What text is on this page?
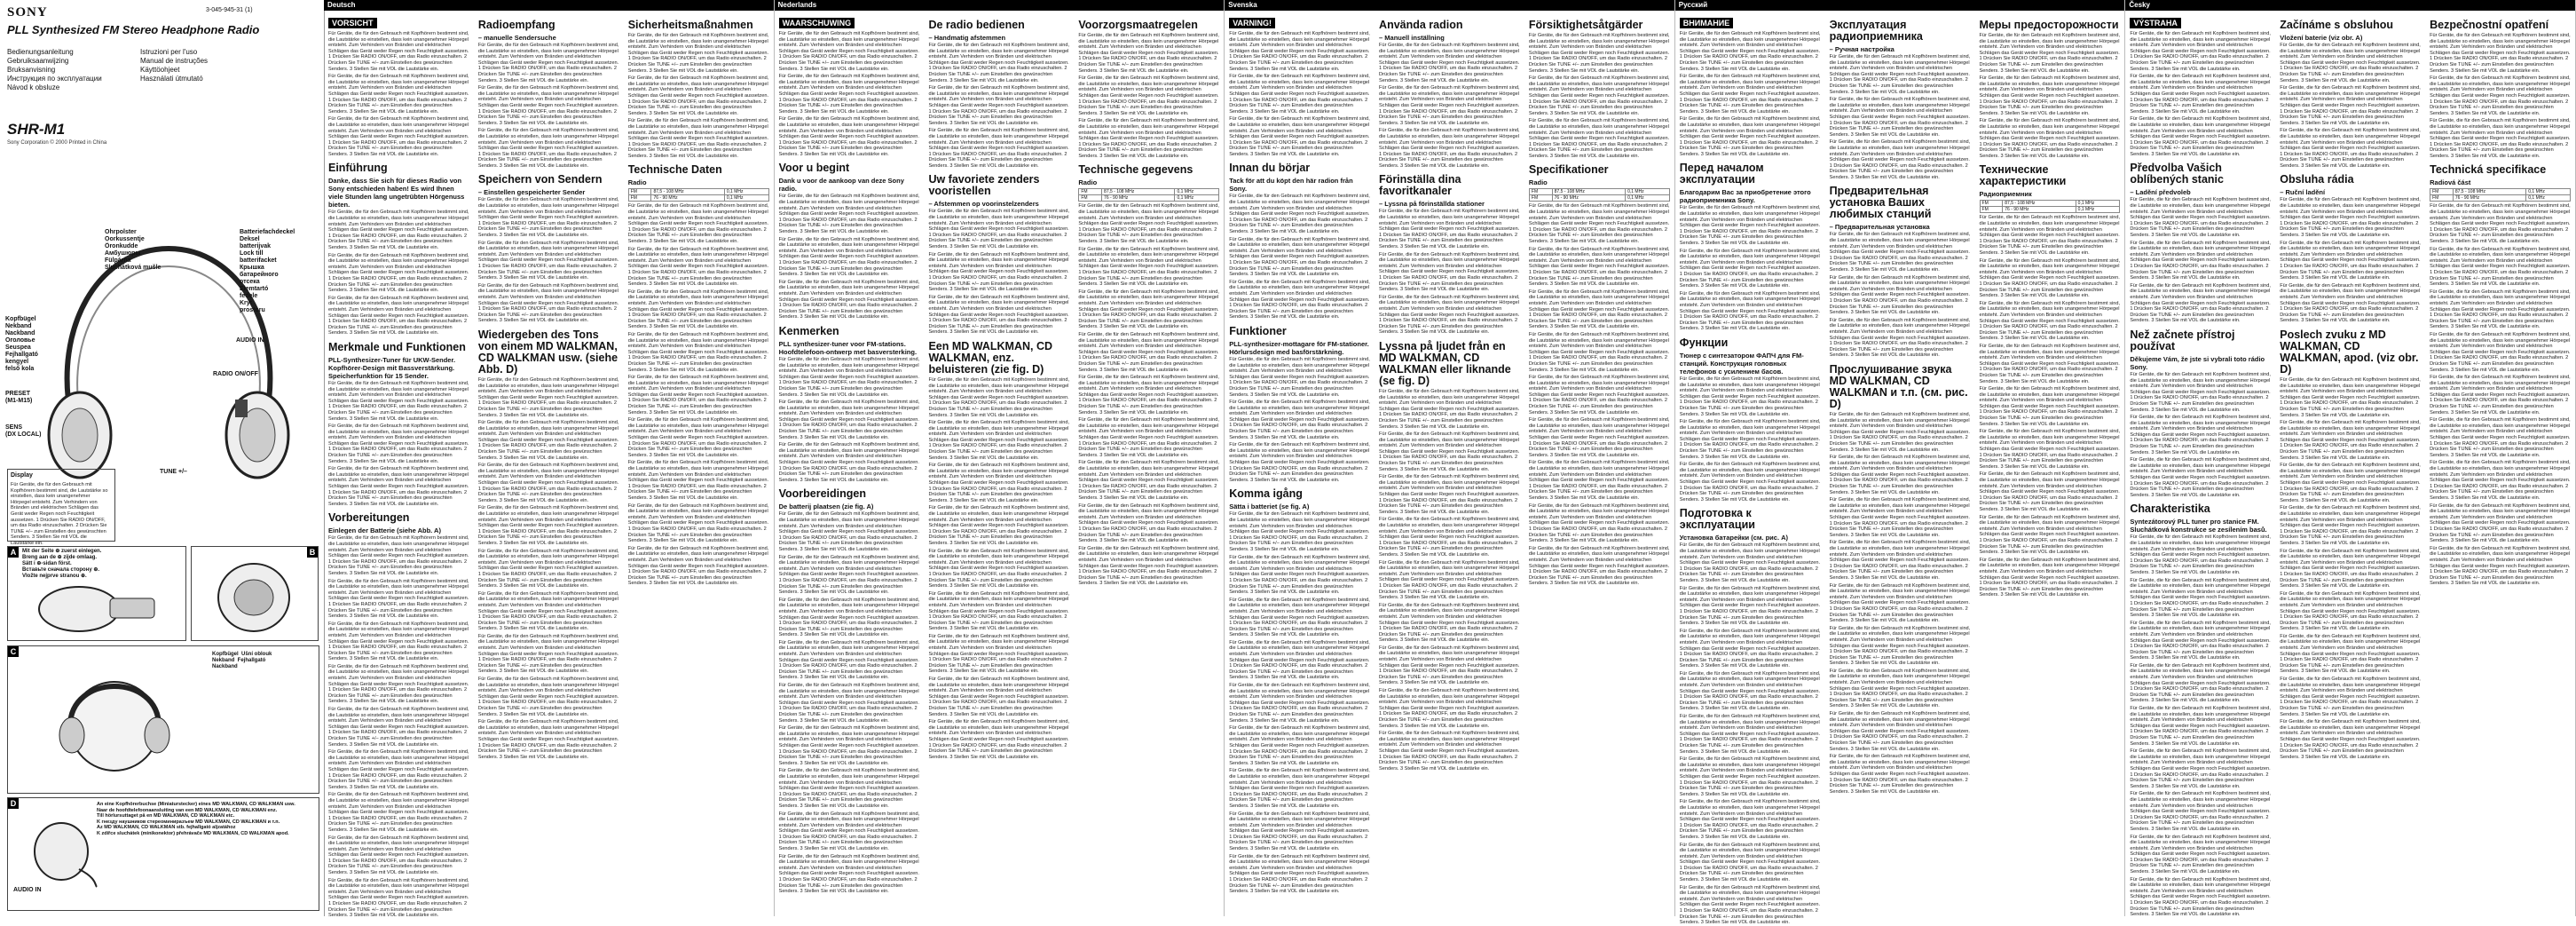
SONY	3-045-945-31 (1)
PLL Synthesized FM Stereo Headphone Radio
Bedienungsanleitung	Istruzioni per l'uso
Gebruiksaanwijzing	Manual de instruções
Bruksanvisning	Käyttöohjeet
Инструкция по эксплуатации	Használati útmutató
Návod k obsluze
SHR-M1
Sony Corporation © 2000 Printed in China
Kopfbügel
Nekband
Nackband
Оголовье
Seuspea
Fejhallgató
kengyel
felső kola
Ohrpolster
Oorkussentje
Öronkudde
Амбушюры
Fülpárna
Sluchátková mušle
Batteriefachdeckel
Deksel
batterijvak
Lock till
batterifacket
Крышка
батарейного
отсека
Elemtartó
fedele
Kryt
prostoru
PRESET
(M1-M15)
SENS
(DX LOCAL)
AUDIO IN
RADIO ON/OFF
TUNE +/–
Display
Für Geräte, die für den Gebrauch mit Kopfhörern bestimmt sind, die Lautstärke so einstellen, dass kein unangenehmer Hörpegel entsteht. Zum Verhindern von Bränden und elektrischen Schlägen das Gerät weder Regen noch Feuchtigkeit aussetzen. 1 Drücken Sie RADIO ON/OFF, um das Radio einzuschalten. 2 Drücken Sie TUNE +/– zum Einstellen des gewünschten Senders. 3 Stellen Sie mit VOL die Lautstärke ein.
A	Mit der Seite ⊕ zuerst einlegen.
Breng aan de ⊕ zijde omlaag.
Sätt i ⊕-sidan först.
Вставьте сначала сторону ⊕.
Vložte nejprve stranou ⊕.
B
C	Kopfbügel  Ušní oblouk
Nekband  Fejhallgató
Nackband
D	An eine Kopfhörerbuchse (Miniaturstecker) eines MD WALKMAN, CD WALKMAN usw.
Naar de hoofdtelefoonaansluiting van een MD WALKMAN, CD WALKMAN enz.
Till hörlursuttaget på en MD WALKMAN, CD WALKMAN etc.
K гнезду наушников стереоминиразъем MD WALKMAN, CD WALKMAN и т.п.
Az MD WALKMAN, CD WALKMAN stb. fejhallgató aljzatához
K zdířce sluchátek (minikonektor) přehrávače MD WALKMAN, CD WALKMAN apod.
AUDIO IN
Deutsch
VORSICHT

Für Geräte, die für den Gebrauch mit Kopfhörern bestimmt sind, die Lautstärke so einstellen, dass kein unangenehmer Hörpegel entsteht. Zum Verhindern von Bränden und elektrischen Schlägen das Gerät weder Regen noch Feuchtigkeit aussetzen. 1 Drücken Sie RADIO ON/OFF, um das Radio einzuschalten. 2 Drücken Sie TUNE +/– zum Einstellen des gewünschten Senders. 3 Stellen Sie mit VOL die Lautstärke ein.

Für Geräte, die für den Gebrauch mit Kopfhörern bestimmt sind, die Lautstärke so einstellen, dass kein unangenehmer Hörpegel entsteht. Zum Verhindern von Bränden und elektrischen Schlägen das Gerät weder Regen noch Feuchtigkeit aussetzen. 1 Drücken Sie RADIO ON/OFF, um das Radio einzuschalten. 2 Drücken Sie TUNE +/– zum Einstellen des gewünschten Senders. 3 Stellen Sie mit VOL die Lautstärke ein.

Für Geräte, die für den Gebrauch mit Kopfhörern bestimmt sind, die Lautstärke so einstellen, dass kein unangenehmer Hörpegel entsteht. Zum Verhindern von Bränden und elektrischen Schlägen das Gerät weder Regen noch Feuchtigkeit aussetzen. 1 Drücken Sie RADIO ON/OFF, um das Radio einzuschalten. 2 Drücken Sie TUNE +/– zum Einstellen des gewünschten Senders. 3 Stellen Sie mit VOL die Lautstärke ein.

Einführung
Danke, dass Sie sich für dieses Radio von Sony entschieden haben! Es wird Ihnen viele Stunden lang ungetrübten Hörgenuss bieten.

Für Geräte, die für den Gebrauch mit Kopfhörern bestimmt sind, die Lautstärke so einstellen, dass kein unangenehmer Hörpegel entsteht. Zum Verhindern von Bränden und elektrischen Schlägen das Gerät weder Regen noch Feuchtigkeit aussetzen. 1 Drücken Sie RADIO ON/OFF, um das Radio einzuschalten. 2 Drücken Sie TUNE +/– zum Einstellen des gewünschten Senders. 3 Stellen Sie mit VOL die Lautstärke ein.

Für Geräte, die für den Gebrauch mit Kopfhörern bestimmt sind, die Lautstärke so einstellen, dass kein unangenehmer Hörpegel entsteht. Zum Verhindern von Bränden und elektrischen Schlägen das Gerät weder Regen noch Feuchtigkeit aussetzen. 1 Drücken Sie RADIO ON/OFF, um das Radio einzuschalten. 2 Drücken Sie TUNE +/– zum Einstellen des gewünschten Senders. 3 Stellen Sie mit VOL die Lautstärke ein.

Für Geräte, die für den Gebrauch mit Kopfhörern bestimmt sind, die Lautstärke so einstellen, dass kein unangenehmer Hörpegel entsteht. Zum Verhindern von Bränden und elektrischen Schlägen das Gerät weder Regen noch Feuchtigkeit aussetzen. 1 Drücken Sie RADIO ON/OFF, um das Radio einzuschalten. 2 Drücken Sie TUNE +/– zum Einstellen des gewünschten Senders. 3 Stellen Sie mit VOL die Lautstärke ein.

Merkmale und Funktionen
PLL-Synthesizer-Tuner für UKW-Sender. Kopfhörer-Design mit Bassverstärkung. Speicherfunktion für 15 Sender.

Für Geräte, die für den Gebrauch mit Kopfhörern bestimmt sind, die Lautstärke so einstellen, dass kein unangenehmer Hörpegel entsteht. Zum Verhindern von Bränden und elektrischen Schlägen das Gerät weder Regen noch Feuchtigkeit aussetzen. 1 Drücken Sie RADIO ON/OFF, um das Radio einzuschalten. 2 Drücken Sie TUNE +/– zum Einstellen des gewünschten Senders. 3 Stellen Sie mit VOL die Lautstärke ein.

Für Geräte, die für den Gebrauch mit Kopfhörern bestimmt sind, die Lautstärke so einstellen, dass kein unangenehmer Hörpegel entsteht. Zum Verhindern von Bränden und elektrischen Schlägen das Gerät weder Regen noch Feuchtigkeit aussetzen. 1 Drücken Sie RADIO ON/OFF, um das Radio einzuschalten. 2 Drücken Sie TUNE +/– zum Einstellen des gewünschten Senders. 3 Stellen Sie mit VOL die Lautstärke ein.

Für Geräte, die für den Gebrauch mit Kopfhörern bestimmt sind, die Lautstärke so einstellen, dass kein unangenehmer Hörpegel entsteht. Zum Verhindern von Bränden und elektrischen Schlägen das Gerät weder Regen noch Feuchtigkeit aussetzen. 1 Drücken Sie RADIO ON/OFF, um das Radio einzuschalten. 2 Drücken Sie TUNE +/– zum Einstellen des gewünschten Senders. 3 Stellen Sie mit VOL die Lautstärke ein.

Vorbereitungen
Einlegen der Batterie (siehe Abb. A)

Für Geräte, die für den Gebrauch mit Kopfhörern bestimmt sind, die Lautstärke so einstellen, dass kein unangenehmer Hörpegel entsteht. Zum Verhindern von Bränden und elektrischen Schlägen das Gerät weder Regen noch Feuchtigkeit aussetzen. 1 Drücken Sie RADIO ON/OFF, um das Radio einzuschalten. 2 Drücken Sie TUNE +/– zum Einstellen des gewünschten Senders. 3 Stellen Sie mit VOL die Lautstärke ein.

Für Geräte, die für den Gebrauch mit Kopfhörern bestimmt sind, die Lautstärke so einstellen, dass kein unangenehmer Hörpegel entsteht. Zum Verhindern von Bränden und elektrischen Schlägen das Gerät weder Regen noch Feuchtigkeit aussetzen. 1 Drücken Sie RADIO ON/OFF, um das Radio einzuschalten. 2 Drücken Sie TUNE +/– zum Einstellen des gewünschten Senders. 3 Stellen Sie mit VOL die Lautstärke ein.

Für Geräte, die für den Gebrauch mit Kopfhörern bestimmt sind, die Lautstärke so einstellen, dass kein unangenehmer Hörpegel entsteht. Zum Verhindern von Bränden und elektrischen Schlägen das Gerät weder Regen noch Feuchtigkeit aussetzen. 1 Drücken Sie RADIO ON/OFF, um das Radio einzuschalten. 2 Drücken Sie TUNE +/– zum Einstellen des gewünschten Senders. 3 Stellen Sie mit VOL die Lautstärke ein.

Für Geräte, die für den Gebrauch mit Kopfhörern bestimmt sind, die Lautstärke so einstellen, dass kein unangenehmer Hörpegel entsteht. Zum Verhindern von Bränden und elektrischen Schlägen das Gerät weder Regen noch Feuchtigkeit aussetzen. 1 Drücken Sie RADIO ON/OFF, um das Radio einzuschalten. 2 Drücken Sie TUNE +/– zum Einstellen des gewünschten Senders. 3 Stellen Sie mit VOL die Lautstärke ein.

Für Geräte, die für den Gebrauch mit Kopfhörern bestimmt sind, die Lautstärke so einstellen, dass kein unangenehmer Hörpegel entsteht. Zum Verhindern von Bränden und elektrischen Schlägen das Gerät weder Regen noch Feuchtigkeit aussetzen. 1 Drücken Sie RADIO ON/OFF, um das Radio einzuschalten. 2 Drücken Sie TUNE +/– zum Einstellen des gewünschten Senders. 3 Stellen Sie mit VOL die Lautstärke ein.

Für Geräte, die für den Gebrauch mit Kopfhörern bestimmt sind, die Lautstärke so einstellen, dass kein unangenehmer Hörpegel entsteht. Zum Verhindern von Bränden und elektrischen Schlägen das Gerät weder Regen noch Feuchtigkeit aussetzen. 1 Drücken Sie RADIO ON/OFF, um das Radio einzuschalten. 2 Drücken Sie TUNE +/– zum Einstellen des gewünschten Senders. 3 Stellen Sie mit VOL die Lautstärke ein.

Für Geräte, die für den Gebrauch mit Kopfhörern bestimmt sind, die Lautstärke so einstellen, dass kein unangenehmer Hörpegel entsteht. Zum Verhindern von Bränden und elektrischen Schlägen das Gerät weder Regen noch Feuchtigkeit aussetzen. 1 Drücken Sie RADIO ON/OFF, um das Radio einzuschalten. 2 Drücken Sie TUNE +/– zum Einstellen des gewünschten Senders. 3 Stellen Sie mit VOL die Lautstärke ein.

Für Geräte, die für den Gebrauch mit Kopfhörern bestimmt sind, die Lautstärke so einstellen, dass kein unangenehmer Hörpegel entsteht. Zum Verhindern von Bränden und elektrischen Schlägen das Gerät weder Regen noch Feuchtigkeit aussetzen. 1 Drücken Sie RADIO ON/OFF, um das Radio einzuschalten. 2 Drücken Sie TUNE +/– zum Einstellen des gewünschten Senders. 3 Stellen Sie mit VOL die Lautstärke ein.

Für Geräte, die für den Gebrauch mit Kopfhörern bestimmt sind, die Lautstärke so einstellen, dass kein unangenehmer Hörpegel entsteht. Zum Verhindern von Bränden und elektrischen Schlägen das Gerät weder Regen noch Feuchtigkeit aussetzen. 1 Drücken Sie RADIO ON/OFF, um das Radio einzuschalten. 2 Drücken Sie TUNE +/– zum Einstellen des gewünschten Senders. 3 Stellen Sie mit VOL die Lautstärke ein.

Radioempfang
– manuelle Sendersuche

Für Geräte, die für den Gebrauch mit Kopfhörern bestimmt sind, die Lautstärke so einstellen, dass kein unangenehmer Hörpegel entsteht. Zum Verhindern von Bränden und elektrischen Schlägen das Gerät weder Regen noch Feuchtigkeit aussetzen. 1 Drücken Sie RADIO ON/OFF, um das Radio einzuschalten. 2 Drücken Sie TUNE +/– zum Einstellen des gewünschten Senders. 3 Stellen Sie mit VOL die Lautstärke ein.

Für Geräte, die für den Gebrauch mit Kopfhörern bestimmt sind, die Lautstärke so einstellen, dass kein unangenehmer Hörpegel entsteht. Zum Verhindern von Bränden und elektrischen Schlägen das Gerät weder Regen noch Feuchtigkeit aussetzen. 1 Drücken Sie RADIO ON/OFF, um das Radio einzuschalten. 2 Drücken Sie TUNE +/– zum Einstellen des gewünschten Senders. 3 Stellen Sie mit VOL die Lautstärke ein.

Für Geräte, die für den Gebrauch mit Kopfhörern bestimmt sind, die Lautstärke so einstellen, dass kein unangenehmer Hörpegel entsteht. Zum Verhindern von Bränden und elektrischen Schlägen das Gerät weder Regen noch Feuchtigkeit aussetzen. 1 Drücken Sie RADIO ON/OFF, um das Radio einzuschalten. 2 Drücken Sie TUNE +/– zum Einstellen des gewünschten Senders. 3 Stellen Sie mit VOL die Lautstärke ein.

Speichern von Sendern
– Einstellen gespeicherter Sender

Für Geräte, die für den Gebrauch mit Kopfhörern bestimmt sind, die Lautstärke so einstellen, dass kein unangenehmer Hörpegel entsteht. Zum Verhindern von Bränden und elektrischen Schlägen das Gerät weder Regen noch Feuchtigkeit aussetzen. 1 Drücken Sie RADIO ON/OFF, um das Radio einzuschalten. 2 Drücken Sie TUNE +/– zum Einstellen des gewünschten Senders. 3 Stellen Sie mit VOL die Lautstärke ein.

Für Geräte, die für den Gebrauch mit Kopfhörern bestimmt sind, die Lautstärke so einstellen, dass kein unangenehmer Hörpegel entsteht. Zum Verhindern von Bränden und elektrischen Schlägen das Gerät weder Regen noch Feuchtigkeit aussetzen. 1 Drücken Sie RADIO ON/OFF, um das Radio einzuschalten. 2 Drücken Sie TUNE +/– zum Einstellen des gewünschten Senders. 3 Stellen Sie mit VOL die Lautstärke ein.

Für Geräte, die für den Gebrauch mit Kopfhörern bestimmt sind, die Lautstärke so einstellen, dass kein unangenehmer Hörpegel entsteht. Zum Verhindern von Bränden und elektrischen Schlägen das Gerät weder Regen noch Feuchtigkeit aussetzen. 1 Drücken Sie RADIO ON/OFF, um das Radio einzuschalten. 2 Drücken Sie TUNE +/– zum Einstellen des gewünschten Senders. 3 Stellen Sie mit VOL die Lautstärke ein.

Wiedergeben des Tons von einem MD WALKMAN, CD WALKMAN usw. (siehe Abb. D)

Für Geräte, die für den Gebrauch mit Kopfhörern bestimmt sind, die Lautstärke so einstellen, dass kein unangenehmer Hörpegel entsteht. Zum Verhindern von Bränden und elektrischen Schlägen das Gerät weder Regen noch Feuchtigkeit aussetzen. 1 Drücken Sie RADIO ON/OFF, um das Radio einzuschalten. 2 Drücken Sie TUNE +/– zum Einstellen des gewünschten Senders. 3 Stellen Sie mit VOL die Lautstärke ein.

Für Geräte, die für den Gebrauch mit Kopfhörern bestimmt sind, die Lautstärke so einstellen, dass kein unangenehmer Hörpegel entsteht. Zum Verhindern von Bränden und elektrischen Schlägen das Gerät weder Regen noch Feuchtigkeit aussetzen. 1 Drücken Sie RADIO ON/OFF, um das Radio einzuschalten. 2 Drücken Sie TUNE +/– zum Einstellen des gewünschten Senders. 3 Stellen Sie mit VOL die Lautstärke ein.

Für Geräte, die für den Gebrauch mit Kopfhörern bestimmt sind, die Lautstärke so einstellen, dass kein unangenehmer Hörpegel entsteht. Zum Verhindern von Bränden und elektrischen Schlägen das Gerät weder Regen noch Feuchtigkeit aussetzen. 1 Drücken Sie RADIO ON/OFF, um das Radio einzuschalten. 2 Drücken Sie TUNE +/– zum Einstellen des gewünschten Senders. 3 Stellen Sie mit VOL die Lautstärke ein.

Für Geräte, die für den Gebrauch mit Kopfhörern bestimmt sind, die Lautstärke so einstellen, dass kein unangenehmer Hörpegel entsteht. Zum Verhindern von Bränden und elektrischen Schlägen das Gerät weder Regen noch Feuchtigkeit aussetzen. 1 Drücken Sie RADIO ON/OFF, um das Radio einzuschalten. 2 Drücken Sie TUNE +/– zum Einstellen des gewünschten Senders. 3 Stellen Sie mit VOL die Lautstärke ein.

Für Geräte, die für den Gebrauch mit Kopfhörern bestimmt sind, die Lautstärke so einstellen, dass kein unangenehmer Hörpegel entsteht. Zum Verhindern von Bränden und elektrischen Schlägen das Gerät weder Regen noch Feuchtigkeit aussetzen. 1 Drücken Sie RADIO ON/OFF, um das Radio einzuschalten. 2 Drücken Sie TUNE +/– zum Einstellen des gewünschten Senders. 3 Stellen Sie mit VOL die Lautstärke ein.

Für Geräte, die für den Gebrauch mit Kopfhörern bestimmt sind, die Lautstärke so einstellen, dass kein unangenehmer Hörpegel entsteht. Zum Verhindern von Bränden und elektrischen Schlägen das Gerät weder Regen noch Feuchtigkeit aussetzen. 1 Drücken Sie RADIO ON/OFF, um das Radio einzuschalten. 2 Drücken Sie TUNE +/– zum Einstellen des gewünschten Senders. 3 Stellen Sie mit VOL die Lautstärke ein.

Für Geräte, die für den Gebrauch mit Kopfhörern bestimmt sind, die Lautstärke so einstellen, dass kein unangenehmer Hörpegel entsteht. Zum Verhindern von Bränden und elektrischen Schlägen das Gerät weder Regen noch Feuchtigkeit aussetzen. 1 Drücken Sie RADIO ON/OFF, um das Radio einzuschalten. 2 Drücken Sie TUNE +/– zum Einstellen des gewünschten Senders. 3 Stellen Sie mit VOL die Lautstärke ein.

Für Geräte, die für den Gebrauch mit Kopfhörern bestimmt sind, die Lautstärke so einstellen, dass kein unangenehmer Hörpegel entsteht. Zum Verhindern von Bränden und elektrischen Schlägen das Gerät weder Regen noch Feuchtigkeit aussetzen. 1 Drücken Sie RADIO ON/OFF, um das Radio einzuschalten. 2 Drücken Sie TUNE +/– zum Einstellen des gewünschten Senders. 3 Stellen Sie mit VOL die Lautstärke ein.

Für Geräte, die für den Gebrauch mit Kopfhörern bestimmt sind, die Lautstärke so einstellen, dass kein unangenehmer Hörpegel entsteht. Zum Verhindern von Bränden und elektrischen Schlägen das Gerät weder Regen noch Feuchtigkeit aussetzen. 1 Drücken Sie RADIO ON/OFF, um das Radio einzuschalten. 2 Drücken Sie TUNE +/– zum Einstellen des gewünschten Senders. 3 Stellen Sie mit VOL die Lautstärke ein.

Sicherheitsmaßnahmen

Für Geräte, die für den Gebrauch mit Kopfhörern bestimmt sind, die Lautstärke so einstellen, dass kein unangenehmer Hörpegel entsteht. Zum Verhindern von Bränden und elektrischen Schlägen das Gerät weder Regen noch Feuchtigkeit aussetzen. 1 Drücken Sie RADIO ON/OFF, um das Radio einzuschalten. 2 Drücken Sie TUNE +/– zum Einstellen des gewünschten Senders. 3 Stellen Sie mit VOL die Lautstärke ein.

Für Geräte, die für den Gebrauch mit Kopfhörern bestimmt sind, die Lautstärke so einstellen, dass kein unangenehmer Hörpegel entsteht. Zum Verhindern von Bränden und elektrischen Schlägen das Gerät weder Regen noch Feuchtigkeit aussetzen. 1 Drücken Sie RADIO ON/OFF, um das Radio einzuschalten. 2 Drücken Sie TUNE +/– zum Einstellen des gewünschten Senders. 3 Stellen Sie mit VOL die Lautstärke ein.

Für Geräte, die für den Gebrauch mit Kopfhörern bestimmt sind, die Lautstärke so einstellen, dass kein unangenehmer Hörpegel entsteht. Zum Verhindern von Bränden und elektrischen Schlägen das Gerät weder Regen noch Feuchtigkeit aussetzen. 1 Drücken Sie RADIO ON/OFF, um das Radio einzuschalten. 2 Drücken Sie TUNE +/– zum Einstellen des gewünschten Senders. 3 Stellen Sie mit VOL die Lautstärke ein.

Technische Daten
Radio
FM	87,5 - 108 MHz	0,1 MHz
FM	76 - 90 MHz	0,1 MHz

Für Geräte, die für den Gebrauch mit Kopfhörern bestimmt sind, die Lautstärke so einstellen, dass kein unangenehmer Hörpegel entsteht. Zum Verhindern von Bränden und elektrischen Schlägen das Gerät weder Regen noch Feuchtigkeit aussetzen. 1 Drücken Sie RADIO ON/OFF, um das Radio einzuschalten. 2 Drücken Sie TUNE +/– zum Einstellen des gewünschten Senders. 3 Stellen Sie mit VOL die Lautstärke ein.

Für Geräte, die für den Gebrauch mit Kopfhörern bestimmt sind, die Lautstärke so einstellen, dass kein unangenehmer Hörpegel entsteht. Zum Verhindern von Bränden und elektrischen Schlägen das Gerät weder Regen noch Feuchtigkeit aussetzen. 1 Drücken Sie RADIO ON/OFF, um das Radio einzuschalten. 2 Drücken Sie TUNE +/– zum Einstellen des gewünschten Senders. 3 Stellen Sie mit VOL die Lautstärke ein.

Für Geräte, die für den Gebrauch mit Kopfhörern bestimmt sind, die Lautstärke so einstellen, dass kein unangenehmer Hörpegel entsteht. Zum Verhindern von Bränden und elektrischen Schlägen das Gerät weder Regen noch Feuchtigkeit aussetzen. 1 Drücken Sie RADIO ON/OFF, um das Radio einzuschalten. 2 Drücken Sie TUNE +/– zum Einstellen des gewünschten Senders. 3 Stellen Sie mit VOL die Lautstärke ein.

Für Geräte, die für den Gebrauch mit Kopfhörern bestimmt sind, die Lautstärke so einstellen, dass kein unangenehmer Hörpegel entsteht. Zum Verhindern von Bränden und elektrischen Schlägen das Gerät weder Regen noch Feuchtigkeit aussetzen. 1 Drücken Sie RADIO ON/OFF, um das Radio einzuschalten. 2 Drücken Sie TUNE +/– zum Einstellen des gewünschten Senders. 3 Stellen Sie mit VOL die Lautstärke ein.

Für Geräte, die für den Gebrauch mit Kopfhörern bestimmt sind, die Lautstärke so einstellen, dass kein unangenehmer Hörpegel entsteht. Zum Verhindern von Bränden und elektrischen Schlägen das Gerät weder Regen noch Feuchtigkeit aussetzen. 1 Drücken Sie RADIO ON/OFF, um das Radio einzuschalten. 2 Drücken Sie TUNE +/– zum Einstellen des gewünschten Senders. 3 Stellen Sie mit VOL die Lautstärke ein.

Für Geräte, die für den Gebrauch mit Kopfhörern bestimmt sind, die Lautstärke so einstellen, dass kein unangenehmer Hörpegel entsteht. Zum Verhindern von Bränden und elektrischen Schlägen das Gerät weder Regen noch Feuchtigkeit aussetzen. 1 Drücken Sie RADIO ON/OFF, um das Radio einzuschalten. 2 Drücken Sie TUNE +/– zum Einstellen des gewünschten Senders. 3 Stellen Sie mit VOL die Lautstärke ein.

Für Geräte, die für den Gebrauch mit Kopfhörern bestimmt sind, die Lautstärke so einstellen, dass kein unangenehmer Hörpegel entsteht. Zum Verhindern von Bränden und elektrischen Schlägen das Gerät weder Regen noch Feuchtigkeit aussetzen. 1 Drücken Sie RADIO ON/OFF, um das Radio einzuschalten. 2 Drücken Sie TUNE +/– zum Einstellen des gewünschten Senders. 3 Stellen Sie mit VOL die Lautstärke ein.

Für Geräte, die für den Gebrauch mit Kopfhörern bestimmt sind, die Lautstärke so einstellen, dass kein unangenehmer Hörpegel entsteht. Zum Verhindern von Bränden und elektrischen Schlägen das Gerät weder Regen noch Feuchtigkeit aussetzen. 1 Drücken Sie RADIO ON/OFF, um das Radio einzuschalten. 2 Drücken Sie TUNE +/– zum Einstellen des gewünschten Senders. 3 Stellen Sie mit VOL die Lautstärke ein.

Für Geräte, die für den Gebrauch mit Kopfhörern bestimmt sind, die Lautstärke so einstellen, dass kein unangenehmer Hörpegel entsteht. Zum Verhindern von Bränden und elektrischen Schlägen das Gerät weder Regen noch Feuchtigkeit aussetzen. 1 Drücken Sie RADIO ON/OFF, um das Radio einzuschalten. 2 Drücken Sie TUNE +/– zum Einstellen des gewünschten Senders. 3 Stellen Sie mit VOL die Lautstärke ein.

Nederlands
WAARSCHUWING

Für Geräte, die für den Gebrauch mit Kopfhörern bestimmt sind, die Lautstärke so einstellen, dass kein unangenehmer Hörpegel entsteht. Zum Verhindern von Bränden und elektrischen Schlägen das Gerät weder Regen noch Feuchtigkeit aussetzen. 1 Drücken Sie RADIO ON/OFF, um das Radio einzuschalten. 2 Drücken Sie TUNE +/– zum Einstellen des gewünschten Senders. 3 Stellen Sie mit VOL die Lautstärke ein.

Für Geräte, die für den Gebrauch mit Kopfhörern bestimmt sind, die Lautstärke so einstellen, dass kein unangenehmer Hörpegel entsteht. Zum Verhindern von Bränden und elektrischen Schlägen das Gerät weder Regen noch Feuchtigkeit aussetzen. 1 Drücken Sie RADIO ON/OFF, um das Radio einzuschalten. 2 Drücken Sie TUNE +/– zum Einstellen des gewünschten Senders. 3 Stellen Sie mit VOL die Lautstärke ein.

Für Geräte, die für den Gebrauch mit Kopfhörern bestimmt sind, die Lautstärke so einstellen, dass kein unangenehmer Hörpegel entsteht. Zum Verhindern von Bränden und elektrischen Schlägen das Gerät weder Regen noch Feuchtigkeit aussetzen. 1 Drücken Sie RADIO ON/OFF, um das Radio einzuschalten. 2 Drücken Sie TUNE +/– zum Einstellen des gewünschten Senders. 3 Stellen Sie mit VOL die Lautstärke ein.

Voor u begint
Dank u voor de aankoop van deze Sony radio.

Für Geräte, die für den Gebrauch mit Kopfhörern bestimmt sind, die Lautstärke so einstellen, dass kein unangenehmer Hörpegel entsteht. Zum Verhindern von Bränden und elektrischen Schlägen das Gerät weder Regen noch Feuchtigkeit aussetzen. 1 Drücken Sie RADIO ON/OFF, um das Radio einzuschalten. 2 Drücken Sie TUNE +/– zum Einstellen des gewünschten Senders. 3 Stellen Sie mit VOL die Lautstärke ein.

Für Geräte, die für den Gebrauch mit Kopfhörern bestimmt sind, die Lautstärke so einstellen, dass kein unangenehmer Hörpegel entsteht. Zum Verhindern von Bränden und elektrischen Schlägen das Gerät weder Regen noch Feuchtigkeit aussetzen. 1 Drücken Sie RADIO ON/OFF, um das Radio einzuschalten. 2 Drücken Sie TUNE +/– zum Einstellen des gewünschten Senders. 3 Stellen Sie mit VOL die Lautstärke ein.

Für Geräte, die für den Gebrauch mit Kopfhörern bestimmt sind, die Lautstärke so einstellen, dass kein unangenehmer Hörpegel entsteht. Zum Verhindern von Bränden und elektrischen Schlägen das Gerät weder Regen noch Feuchtigkeit aussetzen. 1 Drücken Sie RADIO ON/OFF, um das Radio einzuschalten. 2 Drücken Sie TUNE +/– zum Einstellen des gewünschten Senders. 3 Stellen Sie mit VOL die Lautstärke ein.

Kenmerken
PLL synthesizer-tuner voor FM-stations. Hoofdtelefoon-ontwerp met basversterking.

Für Geräte, die für den Gebrauch mit Kopfhörern bestimmt sind, die Lautstärke so einstellen, dass kein unangenehmer Hörpegel entsteht. Zum Verhindern von Bränden und elektrischen Schlägen das Gerät weder Regen noch Feuchtigkeit aussetzen. 1 Drücken Sie RADIO ON/OFF, um das Radio einzuschalten. 2 Drücken Sie TUNE +/– zum Einstellen des gewünschten Senders. 3 Stellen Sie mit VOL die Lautstärke ein.

Für Geräte, die für den Gebrauch mit Kopfhörern bestimmt sind, die Lautstärke so einstellen, dass kein unangenehmer Hörpegel entsteht. Zum Verhindern von Bränden und elektrischen Schlägen das Gerät weder Regen noch Feuchtigkeit aussetzen. 1 Drücken Sie RADIO ON/OFF, um das Radio einzuschalten. 2 Drücken Sie TUNE +/– zum Einstellen des gewünschten Senders. 3 Stellen Sie mit VOL die Lautstärke ein.

Für Geräte, die für den Gebrauch mit Kopfhörern bestimmt sind, die Lautstärke so einstellen, dass kein unangenehmer Hörpegel entsteht. Zum Verhindern von Bränden und elektrischen Schlägen das Gerät weder Regen noch Feuchtigkeit aussetzen. 1 Drücken Sie RADIO ON/OFF, um das Radio einzuschalten. 2 Drücken Sie TUNE +/– zum Einstellen des gewünschten Senders. 3 Stellen Sie mit VOL die Lautstärke ein.

Voorbereidingen
De batterij plaatsen (zie fig. A)

Für Geräte, die für den Gebrauch mit Kopfhörern bestimmt sind, die Lautstärke so einstellen, dass kein unangenehmer Hörpegel entsteht. Zum Verhindern von Bränden und elektrischen Schlägen das Gerät weder Regen noch Feuchtigkeit aussetzen. 1 Drücken Sie RADIO ON/OFF, um das Radio einzuschalten. 2 Drücken Sie TUNE +/– zum Einstellen des gewünschten Senders. 3 Stellen Sie mit VOL die Lautstärke ein.

Für Geräte, die für den Gebrauch mit Kopfhörern bestimmt sind, die Lautstärke so einstellen, dass kein unangenehmer Hörpegel entsteht. Zum Verhindern von Bränden und elektrischen Schlägen das Gerät weder Regen noch Feuchtigkeit aussetzen. 1 Drücken Sie RADIO ON/OFF, um das Radio einzuschalten. 2 Drücken Sie TUNE +/– zum Einstellen des gewünschten Senders. 3 Stellen Sie mit VOL die Lautstärke ein.

Für Geräte, die für den Gebrauch mit Kopfhörern bestimmt sind, die Lautstärke so einstellen, dass kein unangenehmer Hörpegel entsteht. Zum Verhindern von Bränden und elektrischen Schlägen das Gerät weder Regen noch Feuchtigkeit aussetzen. 1 Drücken Sie RADIO ON/OFF, um das Radio einzuschalten. 2 Drücken Sie TUNE +/– zum Einstellen des gewünschten Senders. 3 Stellen Sie mit VOL die Lautstärke ein.

Für Geräte, die für den Gebrauch mit Kopfhörern bestimmt sind, die Lautstärke so einstellen, dass kein unangenehmer Hörpegel entsteht. Zum Verhindern von Bränden und elektrischen Schlägen das Gerät weder Regen noch Feuchtigkeit aussetzen. 1 Drücken Sie RADIO ON/OFF, um das Radio einzuschalten. 2 Drücken Sie TUNE +/– zum Einstellen des gewünschten Senders. 3 Stellen Sie mit VOL die Lautstärke ein.

Für Geräte, die für den Gebrauch mit Kopfhörern bestimmt sind, die Lautstärke so einstellen, dass kein unangenehmer Hörpegel entsteht. Zum Verhindern von Bränden und elektrischen Schlägen das Gerät weder Regen noch Feuchtigkeit aussetzen. 1 Drücken Sie RADIO ON/OFF, um das Radio einzuschalten. 2 Drücken Sie TUNE +/– zum Einstellen des gewünschten Senders. 3 Stellen Sie mit VOL die Lautstärke ein.

Für Geräte, die für den Gebrauch mit Kopfhörern bestimmt sind, die Lautstärke so einstellen, dass kein unangenehmer Hörpegel entsteht. Zum Verhindern von Bränden und elektrischen Schlägen das Gerät weder Regen noch Feuchtigkeit aussetzen. 1 Drücken Sie RADIO ON/OFF, um das Radio einzuschalten. 2 Drücken Sie TUNE +/– zum Einstellen des gewünschten Senders. 3 Stellen Sie mit VOL die Lautstärke ein.

Für Geräte, die für den Gebrauch mit Kopfhörern bestimmt sind, die Lautstärke so einstellen, dass kein unangenehmer Hörpegel entsteht. Zum Verhindern von Bränden und elektrischen Schlägen das Gerät weder Regen noch Feuchtigkeit aussetzen. 1 Drücken Sie RADIO ON/OFF, um das Radio einzuschalten. 2 Drücken Sie TUNE +/– zum Einstellen des gewünschten Senders. 3 Stellen Sie mit VOL die Lautstärke ein.

Für Geräte, die für den Gebrauch mit Kopfhörern bestimmt sind, die Lautstärke so einstellen, dass kein unangenehmer Hörpegel entsteht. Zum Verhindern von Bränden und elektrischen Schlägen das Gerät weder Regen noch Feuchtigkeit aussetzen. 1 Drücken Sie RADIO ON/OFF, um das Radio einzuschalten. 2 Drücken Sie TUNE +/– zum Einstellen des gewünschten Senders. 3 Stellen Sie mit VOL die Lautstärke ein.

Für Geräte, die für den Gebrauch mit Kopfhörern bestimmt sind, die Lautstärke so einstellen, dass kein unangenehmer Hörpegel entsteht. Zum Verhindern von Bränden und elektrischen Schlägen das Gerät weder Regen noch Feuchtigkeit aussetzen. 1 Drücken Sie RADIO ON/OFF, um das Radio einzuschalten. 2 Drücken Sie TUNE +/– zum Einstellen des gewünschten Senders. 3 Stellen Sie mit VOL die Lautstärke ein.

De radio bedienen
– Handmatig afstemmen

Für Geräte, die für den Gebrauch mit Kopfhörern bestimmt sind, die Lautstärke so einstellen, dass kein unangenehmer Hörpegel entsteht. Zum Verhindern von Bränden und elektrischen Schlägen das Gerät weder Regen noch Feuchtigkeit aussetzen. 1 Drücken Sie RADIO ON/OFF, um das Radio einzuschalten. 2 Drücken Sie TUNE +/– zum Einstellen des gewünschten Senders. 3 Stellen Sie mit VOL die Lautstärke ein.

Für Geräte, die für den Gebrauch mit Kopfhörern bestimmt sind, die Lautstärke so einstellen, dass kein unangenehmer Hörpegel entsteht. Zum Verhindern von Bränden und elektrischen Schlägen das Gerät weder Regen noch Feuchtigkeit aussetzen. 1 Drücken Sie RADIO ON/OFF, um das Radio einzuschalten. 2 Drücken Sie TUNE +/– zum Einstellen des gewünschten Senders. 3 Stellen Sie mit VOL die Lautstärke ein.

Für Geräte, die für den Gebrauch mit Kopfhörern bestimmt sind, die Lautstärke so einstellen, dass kein unangenehmer Hörpegel entsteht. Zum Verhindern von Bränden und elektrischen Schlägen das Gerät weder Regen noch Feuchtigkeit aussetzen. 1 Drücken Sie RADIO ON/OFF, um das Radio einzuschalten. 2 Drücken Sie TUNE +/– zum Einstellen des gewünschten Senders. 3 Stellen Sie mit VOL die Lautstärke ein.

Uw favoriete zenders vooristellen
– Afstemmen op voorinstelzenders

Für Geräte, die für den Gebrauch mit Kopfhörern bestimmt sind, die Lautstärke so einstellen, dass kein unangenehmer Hörpegel entsteht. Zum Verhindern von Bränden und elektrischen Schlägen das Gerät weder Regen noch Feuchtigkeit aussetzen. 1 Drücken Sie RADIO ON/OFF, um das Radio einzuschalten. 2 Drücken Sie TUNE +/– zum Einstellen des gewünschten Senders. 3 Stellen Sie mit VOL die Lautstärke ein.

Für Geräte, die für den Gebrauch mit Kopfhörern bestimmt sind, die Lautstärke so einstellen, dass kein unangenehmer Hörpegel entsteht. Zum Verhindern von Bränden und elektrischen Schlägen das Gerät weder Regen noch Feuchtigkeit aussetzen. 1 Drücken Sie RADIO ON/OFF, um das Radio einzuschalten. 2 Drücken Sie TUNE +/– zum Einstellen des gewünschten Senders. 3 Stellen Sie mit VOL die Lautstärke ein.

Für Geräte, die für den Gebrauch mit Kopfhörern bestimmt sind, die Lautstärke so einstellen, dass kein unangenehmer Hörpegel entsteht. Zum Verhindern von Bränden und elektrischen Schlägen das Gerät weder Regen noch Feuchtigkeit aussetzen. 1 Drücken Sie RADIO ON/OFF, um das Radio einzuschalten. 2 Drücken Sie TUNE +/– zum Einstellen des gewünschten Senders. 3 Stellen Sie mit VOL die Lautstärke ein.

Een MD WALKMAN, CD WALKMAN, enz. beluisteren (zie fig. D)

Für Geräte, die für den Gebrauch mit Kopfhörern bestimmt sind, die Lautstärke so einstellen, dass kein unangenehmer Hörpegel entsteht. Zum Verhindern von Bränden und elektrischen Schlägen das Gerät weder Regen noch Feuchtigkeit aussetzen. 1 Drücken Sie RADIO ON/OFF, um das Radio einzuschalten. 2 Drücken Sie TUNE +/– zum Einstellen des gewünschten Senders. 3 Stellen Sie mit VOL die Lautstärke ein.

Für Geräte, die für den Gebrauch mit Kopfhörern bestimmt sind, die Lautstärke so einstellen, dass kein unangenehmer Hörpegel entsteht. Zum Verhindern von Bränden und elektrischen Schlägen das Gerät weder Regen noch Feuchtigkeit aussetzen. 1 Drücken Sie RADIO ON/OFF, um das Radio einzuschalten. 2 Drücken Sie TUNE +/– zum Einstellen des gewünschten Senders. 3 Stellen Sie mit VOL die Lautstärke ein.

Für Geräte, die für den Gebrauch mit Kopfhörern bestimmt sind, die Lautstärke so einstellen, dass kein unangenehmer Hörpegel entsteht. Zum Verhindern von Bränden und elektrischen Schlägen das Gerät weder Regen noch Feuchtigkeit aussetzen. 1 Drücken Sie RADIO ON/OFF, um das Radio einzuschalten. 2 Drücken Sie TUNE +/– zum Einstellen des gewünschten Senders. 3 Stellen Sie mit VOL die Lautstärke ein.

Für Geräte, die für den Gebrauch mit Kopfhörern bestimmt sind, die Lautstärke so einstellen, dass kein unangenehmer Hörpegel entsteht. Zum Verhindern von Bränden und elektrischen Schlägen das Gerät weder Regen noch Feuchtigkeit aussetzen. 1 Drücken Sie RADIO ON/OFF, um das Radio einzuschalten. 2 Drücken Sie TUNE +/– zum Einstellen des gewünschten Senders. 3 Stellen Sie mit VOL die Lautstärke ein.

Für Geräte, die für den Gebrauch mit Kopfhörern bestimmt sind, die Lautstärke so einstellen, dass kein unangenehmer Hörpegel entsteht. Zum Verhindern von Bränden und elektrischen Schlägen das Gerät weder Regen noch Feuchtigkeit aussetzen. 1 Drücken Sie RADIO ON/OFF, um das Radio einzuschalten. 2 Drücken Sie TUNE +/– zum Einstellen des gewünschten Senders. 3 Stellen Sie mit VOL die Lautstärke ein.

Für Geräte, die für den Gebrauch mit Kopfhörern bestimmt sind, die Lautstärke so einstellen, dass kein unangenehmer Hörpegel entsteht. Zum Verhindern von Bränden und elektrischen Schlägen das Gerät weder Regen noch Feuchtigkeit aussetzen. 1 Drücken Sie RADIO ON/OFF, um das Radio einzuschalten. 2 Drücken Sie TUNE +/– zum Einstellen des gewünschten Senders. 3 Stellen Sie mit VOL die Lautstärke ein.

Für Geräte, die für den Gebrauch mit Kopfhörern bestimmt sind, die Lautstärke so einstellen, dass kein unangenehmer Hörpegel entsteht. Zum Verhindern von Bränden und elektrischen Schlägen das Gerät weder Regen noch Feuchtigkeit aussetzen. 1 Drücken Sie RADIO ON/OFF, um das Radio einzuschalten. 2 Drücken Sie TUNE +/– zum Einstellen des gewünschten Senders. 3 Stellen Sie mit VOL die Lautstärke ein.

Für Geräte, die für den Gebrauch mit Kopfhörern bestimmt sind, die Lautstärke so einstellen, dass kein unangenehmer Hörpegel entsteht. Zum Verhindern von Bränden und elektrischen Schlägen das Gerät weder Regen noch Feuchtigkeit aussetzen. 1 Drücken Sie RADIO ON/OFF, um das Radio einzuschalten. 2 Drücken Sie TUNE +/– zum Einstellen des gewünschten Senders. 3 Stellen Sie mit VOL die Lautstärke ein.

Für Geräte, die für den Gebrauch mit Kopfhörern bestimmt sind, die Lautstärke so einstellen, dass kein unangenehmer Hörpegel entsteht. Zum Verhindern von Bränden und elektrischen Schlägen das Gerät weder Regen noch Feuchtigkeit aussetzen. 1 Drücken Sie RADIO ON/OFF, um das Radio einzuschalten. 2 Drücken Sie TUNE +/– zum Einstellen des gewünschten Senders. 3 Stellen Sie mit VOL die Lautstärke ein.

Voorzorgsmaatregelen

Für Geräte, die für den Gebrauch mit Kopfhörern bestimmt sind, die Lautstärke so einstellen, dass kein unangenehmer Hörpegel entsteht. Zum Verhindern von Bränden und elektrischen Schlägen das Gerät weder Regen noch Feuchtigkeit aussetzen. 1 Drücken Sie RADIO ON/OFF, um das Radio einzuschalten. 2 Drücken Sie TUNE +/– zum Einstellen des gewünschten Senders. 3 Stellen Sie mit VOL die Lautstärke ein.

Für Geräte, die für den Gebrauch mit Kopfhörern bestimmt sind, die Lautstärke so einstellen, dass kein unangenehmer Hörpegel entsteht. Zum Verhindern von Bränden und elektrischen Schlägen das Gerät weder Regen noch Feuchtigkeit aussetzen. 1 Drücken Sie RADIO ON/OFF, um das Radio einzuschalten. 2 Drücken Sie TUNE +/– zum Einstellen des gewünschten Senders. 3 Stellen Sie mit VOL die Lautstärke ein.

Für Geräte, die für den Gebrauch mit Kopfhörern bestimmt sind, die Lautstärke so einstellen, dass kein unangenehmer Hörpegel entsteht. Zum Verhindern von Bränden und elektrischen Schlägen das Gerät weder Regen noch Feuchtigkeit aussetzen. 1 Drücken Sie RADIO ON/OFF, um das Radio einzuschalten. 2 Drücken Sie TUNE +/– zum Einstellen des gewünschten Senders. 3 Stellen Sie mit VOL die Lautstärke ein.

Technische gegevens
Radio
FM	87,5 - 108 MHz	0,1 MHz
FM	76 - 90 MHz	0,1 MHz

Für Geräte, die für den Gebrauch mit Kopfhörern bestimmt sind, die Lautstärke so einstellen, dass kein unangenehmer Hörpegel entsteht. Zum Verhindern von Bränden und elektrischen Schlägen das Gerät weder Regen noch Feuchtigkeit aussetzen. 1 Drücken Sie RADIO ON/OFF, um das Radio einzuschalten. 2 Drücken Sie TUNE +/– zum Einstellen des gewünschten Senders. 3 Stellen Sie mit VOL die Lautstärke ein.

Für Geräte, die für den Gebrauch mit Kopfhörern bestimmt sind, die Lautstärke so einstellen, dass kein unangenehmer Hörpegel entsteht. Zum Verhindern von Bränden und elektrischen Schlägen das Gerät weder Regen noch Feuchtigkeit aussetzen. 1 Drücken Sie RADIO ON/OFF, um das Radio einzuschalten. 2 Drücken Sie TUNE +/– zum Einstellen des gewünschten Senders. 3 Stellen Sie mit VOL die Lautstärke ein.

Für Geräte, die für den Gebrauch mit Kopfhörern bestimmt sind, die Lautstärke so einstellen, dass kein unangenehmer Hörpegel entsteht. Zum Verhindern von Bränden und elektrischen Schlägen das Gerät weder Regen noch Feuchtigkeit aussetzen. 1 Drücken Sie RADIO ON/OFF, um das Radio einzuschalten. 2 Drücken Sie TUNE +/– zum Einstellen des gewünschten Senders. 3 Stellen Sie mit VOL die Lautstärke ein.

Für Geräte, die für den Gebrauch mit Kopfhörern bestimmt sind, die Lautstärke so einstellen, dass kein unangenehmer Hörpegel entsteht. Zum Verhindern von Bränden und elektrischen Schlägen das Gerät weder Regen noch Feuchtigkeit aussetzen. 1 Drücken Sie RADIO ON/OFF, um das Radio einzuschalten. 2 Drücken Sie TUNE +/– zum Einstellen des gewünschten Senders. 3 Stellen Sie mit VOL die Lautstärke ein.

Für Geräte, die für den Gebrauch mit Kopfhörern bestimmt sind, die Lautstärke so einstellen, dass kein unangenehmer Hörpegel entsteht. Zum Verhindern von Bränden und elektrischen Schlägen das Gerät weder Regen noch Feuchtigkeit aussetzen. 1 Drücken Sie RADIO ON/OFF, um das Radio einzuschalten. 2 Drücken Sie TUNE +/– zum Einstellen des gewünschten Senders. 3 Stellen Sie mit VOL die Lautstärke ein.

Für Geräte, die für den Gebrauch mit Kopfhörern bestimmt sind, die Lautstärke so einstellen, dass kein unangenehmer Hörpegel entsteht. Zum Verhindern von Bränden und elektrischen Schlägen das Gerät weder Regen noch Feuchtigkeit aussetzen. 1 Drücken Sie RADIO ON/OFF, um das Radio einzuschalten. 2 Drücken Sie TUNE +/– zum Einstellen des gewünschten Senders. 3 Stellen Sie mit VOL die Lautstärke ein.

Für Geräte, die für den Gebrauch mit Kopfhörern bestimmt sind, die Lautstärke so einstellen, dass kein unangenehmer Hörpegel entsteht. Zum Verhindern von Bränden und elektrischen Schlägen das Gerät weder Regen noch Feuchtigkeit aussetzen. 1 Drücken Sie RADIO ON/OFF, um das Radio einzuschalten. 2 Drücken Sie TUNE +/– zum Einstellen des gewünschten Senders. 3 Stellen Sie mit VOL die Lautstärke ein.

Für Geräte, die für den Gebrauch mit Kopfhörern bestimmt sind, die Lautstärke so einstellen, dass kein unangenehmer Hörpegel entsteht. Zum Verhindern von Bränden und elektrischen Schlägen das Gerät weder Regen noch Feuchtigkeit aussetzen. 1 Drücken Sie RADIO ON/OFF, um das Radio einzuschalten. 2 Drücken Sie TUNE +/– zum Einstellen des gewünschten Senders. 3 Stellen Sie mit VOL die Lautstärke ein.

Für Geräte, die für den Gebrauch mit Kopfhörern bestimmt sind, die Lautstärke so einstellen, dass kein unangenehmer Hörpegel entsteht. Zum Verhindern von Bränden und elektrischen Schlägen das Gerät weder Regen noch Feuchtigkeit aussetzen. 1 Drücken Sie RADIO ON/OFF, um das Radio einzuschalten. 2 Drücken Sie TUNE +/– zum Einstellen des gewünschten Senders. 3 Stellen Sie mit VOL die Lautstärke ein.

Svenska
VARNING!

Für Geräte, die für den Gebrauch mit Kopfhörern bestimmt sind, die Lautstärke so einstellen, dass kein unangenehmer Hörpegel entsteht. Zum Verhindern von Bränden und elektrischen Schlägen das Gerät weder Regen noch Feuchtigkeit aussetzen. 1 Drücken Sie RADIO ON/OFF, um das Radio einzuschalten. 2 Drücken Sie TUNE +/– zum Einstellen des gewünschten Senders. 3 Stellen Sie mit VOL die Lautstärke ein.

Für Geräte, die für den Gebrauch mit Kopfhörern bestimmt sind, die Lautstärke so einstellen, dass kein unangenehmer Hörpegel entsteht. Zum Verhindern von Bränden und elektrischen Schlägen das Gerät weder Regen noch Feuchtigkeit aussetzen. 1 Drücken Sie RADIO ON/OFF, um das Radio einzuschalten. 2 Drücken Sie TUNE +/– zum Einstellen des gewünschten Senders. 3 Stellen Sie mit VOL die Lautstärke ein.

Für Geräte, die für den Gebrauch mit Kopfhörern bestimmt sind, die Lautstärke so einstellen, dass kein unangenehmer Hörpegel entsteht. Zum Verhindern von Bränden und elektrischen Schlägen das Gerät weder Regen noch Feuchtigkeit aussetzen. 1 Drücken Sie RADIO ON/OFF, um das Radio einzuschalten. 2 Drücken Sie TUNE +/– zum Einstellen des gewünschten Senders. 3 Stellen Sie mit VOL die Lautstärke ein.

Innan du börjar
Tack för att du köpt den här radion från Sony.

Für Geräte, die für den Gebrauch mit Kopfhörern bestimmt sind, die Lautstärke so einstellen, dass kein unangenehmer Hörpegel entsteht. Zum Verhindern von Bränden und elektrischen Schlägen das Gerät weder Regen noch Feuchtigkeit aussetzen. 1 Drücken Sie RADIO ON/OFF, um das Radio einzuschalten. 2 Drücken Sie TUNE +/– zum Einstellen des gewünschten Senders. 3 Stellen Sie mit VOL die Lautstärke ein.

Für Geräte, die für den Gebrauch mit Kopfhörern bestimmt sind, die Lautstärke so einstellen, dass kein unangenehmer Hörpegel entsteht. Zum Verhindern von Bränden und elektrischen Schlägen das Gerät weder Regen noch Feuchtigkeit aussetzen. 1 Drücken Sie RADIO ON/OFF, um das Radio einzuschalten. 2 Drücken Sie TUNE +/– zum Einstellen des gewünschten Senders. 3 Stellen Sie mit VOL die Lautstärke ein.

Für Geräte, die für den Gebrauch mit Kopfhörern bestimmt sind, die Lautstärke so einstellen, dass kein unangenehmer Hörpegel entsteht. Zum Verhindern von Bränden und elektrischen Schlägen das Gerät weder Regen noch Feuchtigkeit aussetzen. 1 Drücken Sie RADIO ON/OFF, um das Radio einzuschalten. 2 Drücken Sie TUNE +/– zum Einstellen des gewünschten Senders. 3 Stellen Sie mit VOL die Lautstärke ein.

Funktioner
PLL-synthesizer-mottagare för FM-stationer. Hörlursdesign med basförstärkning.

Für Geräte, die für den Gebrauch mit Kopfhörern bestimmt sind, die Lautstärke so einstellen, dass kein unangenehmer Hörpegel entsteht. Zum Verhindern von Bränden und elektrischen Schlägen das Gerät weder Regen noch Feuchtigkeit aussetzen. 1 Drücken Sie RADIO ON/OFF, um das Radio einzuschalten. 2 Drücken Sie TUNE +/– zum Einstellen des gewünschten Senders. 3 Stellen Sie mit VOL die Lautstärke ein.

Für Geräte, die für den Gebrauch mit Kopfhörern bestimmt sind, die Lautstärke so einstellen, dass kein unangenehmer Hörpegel entsteht. Zum Verhindern von Bränden und elektrischen Schlägen das Gerät weder Regen noch Feuchtigkeit aussetzen. 1 Drücken Sie RADIO ON/OFF, um das Radio einzuschalten. 2 Drücken Sie TUNE +/– zum Einstellen des gewünschten Senders. 3 Stellen Sie mit VOL die Lautstärke ein.

Für Geräte, die für den Gebrauch mit Kopfhörern bestimmt sind, die Lautstärke so einstellen, dass kein unangenehmer Hörpegel entsteht. Zum Verhindern von Bränden und elektrischen Schlägen das Gerät weder Regen noch Feuchtigkeit aussetzen. 1 Drücken Sie RADIO ON/OFF, um das Radio einzuschalten. 2 Drücken Sie TUNE +/– zum Einstellen des gewünschten Senders. 3 Stellen Sie mit VOL die Lautstärke ein.

Komma igång
Sätta i batteriet (se fig. A)

Für Geräte, die für den Gebrauch mit Kopfhörern bestimmt sind, die Lautstärke so einstellen, dass kein unangenehmer Hörpegel entsteht. Zum Verhindern von Bränden und elektrischen Schlägen das Gerät weder Regen noch Feuchtigkeit aussetzen. 1 Drücken Sie RADIO ON/OFF, um das Radio einzuschalten. 2 Drücken Sie TUNE +/– zum Einstellen des gewünschten Senders. 3 Stellen Sie mit VOL die Lautstärke ein.

Für Geräte, die für den Gebrauch mit Kopfhörern bestimmt sind, die Lautstärke so einstellen, dass kein unangenehmer Hörpegel entsteht. Zum Verhindern von Bränden und elektrischen Schlägen das Gerät weder Regen noch Feuchtigkeit aussetzen. 1 Drücken Sie RADIO ON/OFF, um das Radio einzuschalten. 2 Drücken Sie TUNE +/– zum Einstellen des gewünschten Senders. 3 Stellen Sie mit VOL die Lautstärke ein.

Für Geräte, die für den Gebrauch mit Kopfhörern bestimmt sind, die Lautstärke so einstellen, dass kein unangenehmer Hörpegel entsteht. Zum Verhindern von Bränden und elektrischen Schlägen das Gerät weder Regen noch Feuchtigkeit aussetzen. 1 Drücken Sie RADIO ON/OFF, um das Radio einzuschalten. 2 Drücken Sie TUNE +/– zum Einstellen des gewünschten Senders. 3 Stellen Sie mit VOL die Lautstärke ein.

Für Geräte, die für den Gebrauch mit Kopfhörern bestimmt sind, die Lautstärke so einstellen, dass kein unangenehmer Hörpegel entsteht. Zum Verhindern von Bränden und elektrischen Schlägen das Gerät weder Regen noch Feuchtigkeit aussetzen. 1 Drücken Sie RADIO ON/OFF, um das Radio einzuschalten. 2 Drücken Sie TUNE +/– zum Einstellen des gewünschten Senders. 3 Stellen Sie mit VOL die Lautstärke ein.

Für Geräte, die für den Gebrauch mit Kopfhörern bestimmt sind, die Lautstärke so einstellen, dass kein unangenehmer Hörpegel entsteht. Zum Verhindern von Bränden und elektrischen Schlägen das Gerät weder Regen noch Feuchtigkeit aussetzen. 1 Drücken Sie RADIO ON/OFF, um das Radio einzuschalten. 2 Drücken Sie TUNE +/– zum Einstellen des gewünschten Senders. 3 Stellen Sie mit VOL die Lautstärke ein.

Für Geräte, die für den Gebrauch mit Kopfhörern bestimmt sind, die Lautstärke so einstellen, dass kein unangenehmer Hörpegel entsteht. Zum Verhindern von Bränden und elektrischen Schlägen das Gerät weder Regen noch Feuchtigkeit aussetzen. 1 Drücken Sie RADIO ON/OFF, um das Radio einzuschalten. 2 Drücken Sie TUNE +/– zum Einstellen des gewünschten Senders. 3 Stellen Sie mit VOL die Lautstärke ein.

Für Geräte, die für den Gebrauch mit Kopfhörern bestimmt sind, die Lautstärke so einstellen, dass kein unangenehmer Hörpegel entsteht. Zum Verhindern von Bränden und elektrischen Schlägen das Gerät weder Regen noch Feuchtigkeit aussetzen. 1 Drücken Sie RADIO ON/OFF, um das Radio einzuschalten. 2 Drücken Sie TUNE +/– zum Einstellen des gewünschten Senders. 3 Stellen Sie mit VOL die Lautstärke ein.

Für Geräte, die für den Gebrauch mit Kopfhörern bestimmt sind, die Lautstärke so einstellen, dass kein unangenehmer Hörpegel entsteht. Zum Verhindern von Bränden und elektrischen Schlägen das Gerät weder Regen noch Feuchtigkeit aussetzen. 1 Drücken Sie RADIO ON/OFF, um das Radio einzuschalten. 2 Drücken Sie TUNE +/– zum Einstellen des gewünschten Senders. 3 Stellen Sie mit VOL die Lautstärke ein.

Für Geräte, die für den Gebrauch mit Kopfhörern bestimmt sind, die Lautstärke so einstellen, dass kein unangenehmer Hörpegel entsteht. Zum Verhindern von Bränden und elektrischen Schlägen das Gerät weder Regen noch Feuchtigkeit aussetzen. 1 Drücken Sie RADIO ON/OFF, um das Radio einzuschalten. 2 Drücken Sie TUNE +/– zum Einstellen des gewünschten Senders. 3 Stellen Sie mit VOL die Lautstärke ein.

Använda radion
– Manuell inställning

Für Geräte, die für den Gebrauch mit Kopfhörern bestimmt sind, die Lautstärke so einstellen, dass kein unangenehmer Hörpegel entsteht. Zum Verhindern von Bränden und elektrischen Schlägen das Gerät weder Regen noch Feuchtigkeit aussetzen. 1 Drücken Sie RADIO ON/OFF, um das Radio einzuschalten. 2 Drücken Sie TUNE +/– zum Einstellen des gewünschten Senders. 3 Stellen Sie mit VOL die Lautstärke ein.

Für Geräte, die für den Gebrauch mit Kopfhörern bestimmt sind, die Lautstärke so einstellen, dass kein unangenehmer Hörpegel entsteht. Zum Verhindern von Bränden und elektrischen Schlägen das Gerät weder Regen noch Feuchtigkeit aussetzen. 1 Drücken Sie RADIO ON/OFF, um das Radio einzuschalten. 2 Drücken Sie TUNE +/– zum Einstellen des gewünschten Senders. 3 Stellen Sie mit VOL die Lautstärke ein.

Für Geräte, die für den Gebrauch mit Kopfhörern bestimmt sind, die Lautstärke so einstellen, dass kein unangenehmer Hörpegel entsteht. Zum Verhindern von Bränden und elektrischen Schlägen das Gerät weder Regen noch Feuchtigkeit aussetzen. 1 Drücken Sie RADIO ON/OFF, um das Radio einzuschalten. 2 Drücken Sie TUNE +/– zum Einstellen des gewünschten Senders. 3 Stellen Sie mit VOL die Lautstärke ein.

Förinställa dina favoritkanaler
– Lyssna på förinställda stationer

Für Geräte, die für den Gebrauch mit Kopfhörern bestimmt sind, die Lautstärke so einstellen, dass kein unangenehmer Hörpegel entsteht. Zum Verhindern von Bränden und elektrischen Schlägen das Gerät weder Regen noch Feuchtigkeit aussetzen. 1 Drücken Sie RADIO ON/OFF, um das Radio einzuschalten. 2 Drücken Sie TUNE +/– zum Einstellen des gewünschten Senders. 3 Stellen Sie mit VOL die Lautstärke ein.

Für Geräte, die für den Gebrauch mit Kopfhörern bestimmt sind, die Lautstärke so einstellen, dass kein unangenehmer Hörpegel entsteht. Zum Verhindern von Bränden und elektrischen Schlägen das Gerät weder Regen noch Feuchtigkeit aussetzen. 1 Drücken Sie RADIO ON/OFF, um das Radio einzuschalten. 2 Drücken Sie TUNE +/– zum Einstellen des gewünschten Senders. 3 Stellen Sie mit VOL die Lautstärke ein.

Für Geräte, die für den Gebrauch mit Kopfhörern bestimmt sind, die Lautstärke so einstellen, dass kein unangenehmer Hörpegel entsteht. Zum Verhindern von Bränden und elektrischen Schlägen das Gerät weder Regen noch Feuchtigkeit aussetzen. 1 Drücken Sie RADIO ON/OFF, um das Radio einzuschalten. 2 Drücken Sie TUNE +/– zum Einstellen des gewünschten Senders. 3 Stellen Sie mit VOL die Lautstärke ein.

Lyssna på ljudet från en MD WALKMAN, CD WALKMAN eller liknande (se fig. D)

Für Geräte, die für den Gebrauch mit Kopfhörern bestimmt sind, die Lautstärke so einstellen, dass kein unangenehmer Hörpegel entsteht. Zum Verhindern von Bränden und elektrischen Schlägen das Gerät weder Regen noch Feuchtigkeit aussetzen. 1 Drücken Sie RADIO ON/OFF, um das Radio einzuschalten. 2 Drücken Sie TUNE +/– zum Einstellen des gewünschten Senders. 3 Stellen Sie mit VOL die Lautstärke ein.

Für Geräte, die für den Gebrauch mit Kopfhörern bestimmt sind, die Lautstärke so einstellen, dass kein unangenehmer Hörpegel entsteht. Zum Verhindern von Bränden und elektrischen Schlägen das Gerät weder Regen noch Feuchtigkeit aussetzen. 1 Drücken Sie RADIO ON/OFF, um das Radio einzuschalten. 2 Drücken Sie TUNE +/– zum Einstellen des gewünschten Senders. 3 Stellen Sie mit VOL die Lautstärke ein.

Für Geräte, die für den Gebrauch mit Kopfhörern bestimmt sind, die Lautstärke so einstellen, dass kein unangenehmer Hörpegel entsteht. Zum Verhindern von Bränden und elektrischen Schlägen das Gerät weder Regen noch Feuchtigkeit aussetzen. 1 Drücken Sie RADIO ON/OFF, um das Radio einzuschalten. 2 Drücken Sie TUNE +/– zum Einstellen des gewünschten Senders. 3 Stellen Sie mit VOL die Lautstärke ein.

Für Geräte, die für den Gebrauch mit Kopfhörern bestimmt sind, die Lautstärke so einstellen, dass kein unangenehmer Hörpegel entsteht. Zum Verhindern von Bränden und elektrischen Schlägen das Gerät weder Regen noch Feuchtigkeit aussetzen. 1 Drücken Sie RADIO ON/OFF, um das Radio einzuschalten. 2 Drücken Sie TUNE +/– zum Einstellen des gewünschten Senders. 3 Stellen Sie mit VOL die Lautstärke ein.

Für Geräte, die für den Gebrauch mit Kopfhörern bestimmt sind, die Lautstärke so einstellen, dass kein unangenehmer Hörpegel entsteht. Zum Verhindern von Bränden und elektrischen Schlägen das Gerät weder Regen noch Feuchtigkeit aussetzen. 1 Drücken Sie RADIO ON/OFF, um das Radio einzuschalten. 2 Drücken Sie TUNE +/– zum Einstellen des gewünschten Senders. 3 Stellen Sie mit VOL die Lautstärke ein.

Für Geräte, die für den Gebrauch mit Kopfhörern bestimmt sind, die Lautstärke so einstellen, dass kein unangenehmer Hörpegel entsteht. Zum Verhindern von Bränden und elektrischen Schlägen das Gerät weder Regen noch Feuchtigkeit aussetzen. 1 Drücken Sie RADIO ON/OFF, um das Radio einzuschalten. 2 Drücken Sie TUNE +/– zum Einstellen des gewünschten Senders. 3 Stellen Sie mit VOL die Lautstärke ein.

Für Geräte, die für den Gebrauch mit Kopfhörern bestimmt sind, die Lautstärke so einstellen, dass kein unangenehmer Hörpegel entsteht. Zum Verhindern von Bränden und elektrischen Schlägen das Gerät weder Regen noch Feuchtigkeit aussetzen. 1 Drücken Sie RADIO ON/OFF, um das Radio einzuschalten. 2 Drücken Sie TUNE +/– zum Einstellen des gewünschten Senders. 3 Stellen Sie mit VOL die Lautstärke ein.

Für Geräte, die für den Gebrauch mit Kopfhörern bestimmt sind, die Lautstärke so einstellen, dass kein unangenehmer Hörpegel entsteht. Zum Verhindern von Bränden und elektrischen Schlägen das Gerät weder Regen noch Feuchtigkeit aussetzen. 1 Drücken Sie RADIO ON/OFF, um das Radio einzuschalten. 2 Drücken Sie TUNE +/– zum Einstellen des gewünschten Senders. 3 Stellen Sie mit VOL die Lautstärke ein.

Für Geräte, die für den Gebrauch mit Kopfhörern bestimmt sind, die Lautstärke so einstellen, dass kein unangenehmer Hörpegel entsteht. Zum Verhindern von Bränden und elektrischen Schlägen das Gerät weder Regen noch Feuchtigkeit aussetzen. 1 Drücken Sie RADIO ON/OFF, um das Radio einzuschalten. 2 Drücken Sie TUNE +/– zum Einstellen des gewünschten Senders. 3 Stellen Sie mit VOL die Lautstärke ein.

Försiktighetsåtgärder

Für Geräte, die für den Gebrauch mit Kopfhörern bestimmt sind, die Lautstärke so einstellen, dass kein unangenehmer Hörpegel entsteht. Zum Verhindern von Bränden und elektrischen Schlägen das Gerät weder Regen noch Feuchtigkeit aussetzen. 1 Drücken Sie RADIO ON/OFF, um das Radio einzuschalten. 2 Drücken Sie TUNE +/– zum Einstellen des gewünschten Senders. 3 Stellen Sie mit VOL die Lautstärke ein.

Für Geräte, die für den Gebrauch mit Kopfhörern bestimmt sind, die Lautstärke so einstellen, dass kein unangenehmer Hörpegel entsteht. Zum Verhindern von Bränden und elektrischen Schlägen das Gerät weder Regen noch Feuchtigkeit aussetzen. 1 Drücken Sie RADIO ON/OFF, um das Radio einzuschalten. 2 Drücken Sie TUNE +/– zum Einstellen des gewünschten Senders. 3 Stellen Sie mit VOL die Lautstärke ein.

Für Geräte, die für den Gebrauch mit Kopfhörern bestimmt sind, die Lautstärke so einstellen, dass kein unangenehmer Hörpegel entsteht. Zum Verhindern von Bränden und elektrischen Schlägen das Gerät weder Regen noch Feuchtigkeit aussetzen. 1 Drücken Sie RADIO ON/OFF, um das Radio einzuschalten. 2 Drücken Sie TUNE +/– zum Einstellen des gewünschten Senders. 3 Stellen Sie mit VOL die Lautstärke ein.

Specifikationer
Radio
FM	87,5 - 108 MHz	0,1 MHz
FM	76 - 90 MHz	0,1 MHz

Für Geräte, die für den Gebrauch mit Kopfhörern bestimmt sind, die Lautstärke so einstellen, dass kein unangenehmer Hörpegel entsteht. Zum Verhindern von Bränden und elektrischen Schlägen das Gerät weder Regen noch Feuchtigkeit aussetzen. 1 Drücken Sie RADIO ON/OFF, um das Radio einzuschalten. 2 Drücken Sie TUNE +/– zum Einstellen des gewünschten Senders. 3 Stellen Sie mit VOL die Lautstärke ein.

Für Geräte, die für den Gebrauch mit Kopfhörern bestimmt sind, die Lautstärke so einstellen, dass kein unangenehmer Hörpegel entsteht. Zum Verhindern von Bränden und elektrischen Schlägen das Gerät weder Regen noch Feuchtigkeit aussetzen. 1 Drücken Sie RADIO ON/OFF, um das Radio einzuschalten. 2 Drücken Sie TUNE +/– zum Einstellen des gewünschten Senders. 3 Stellen Sie mit VOL die Lautstärke ein.

Für Geräte, die für den Gebrauch mit Kopfhörern bestimmt sind, die Lautstärke so einstellen, dass kein unangenehmer Hörpegel entsteht. Zum Verhindern von Bränden und elektrischen Schlägen das Gerät weder Regen noch Feuchtigkeit aussetzen. 1 Drücken Sie RADIO ON/OFF, um das Radio einzuschalten. 2 Drücken Sie TUNE +/– zum Einstellen des gewünschten Senders. 3 Stellen Sie mit VOL die Lautstärke ein.

Für Geräte, die für den Gebrauch mit Kopfhörern bestimmt sind, die Lautstärke so einstellen, dass kein unangenehmer Hörpegel entsteht. Zum Verhindern von Bränden und elektrischen Schlägen das Gerät weder Regen noch Feuchtigkeit aussetzen. 1 Drücken Sie RADIO ON/OFF, um das Radio einzuschalten. 2 Drücken Sie TUNE +/– zum Einstellen des gewünschten Senders. 3 Stellen Sie mit VOL die Lautstärke ein.

Für Geräte, die für den Gebrauch mit Kopfhörern bestimmt sind, die Lautstärke so einstellen, dass kein unangenehmer Hörpegel entsteht. Zum Verhindern von Bränden und elektrischen Schlägen das Gerät weder Regen noch Feuchtigkeit aussetzen. 1 Drücken Sie RADIO ON/OFF, um das Radio einzuschalten. 2 Drücken Sie TUNE +/– zum Einstellen des gewünschten Senders. 3 Stellen Sie mit VOL die Lautstärke ein.

Für Geräte, die für den Gebrauch mit Kopfhörern bestimmt sind, die Lautstärke so einstellen, dass kein unangenehmer Hörpegel entsteht. Zum Verhindern von Bränden und elektrischen Schlägen das Gerät weder Regen noch Feuchtigkeit aussetzen. 1 Drücken Sie RADIO ON/OFF, um das Radio einzuschalten. 2 Drücken Sie TUNE +/– zum Einstellen des gewünschten Senders. 3 Stellen Sie mit VOL die Lautstärke ein.

Für Geräte, die für den Gebrauch mit Kopfhörern bestimmt sind, die Lautstärke so einstellen, dass kein unangenehmer Hörpegel entsteht. Zum Verhindern von Bränden und elektrischen Schlägen das Gerät weder Regen noch Feuchtigkeit aussetzen. 1 Drücken Sie RADIO ON/OFF, um das Radio einzuschalten. 2 Drücken Sie TUNE +/– zum Einstellen des gewünschten Senders. 3 Stellen Sie mit VOL die Lautstärke ein.

Für Geräte, die für den Gebrauch mit Kopfhörern bestimmt sind, die Lautstärke so einstellen, dass kein unangenehmer Hörpegel entsteht. Zum Verhindern von Bränden und elektrischen Schlägen das Gerät weder Regen noch Feuchtigkeit aussetzen. 1 Drücken Sie RADIO ON/OFF, um das Radio einzuschalten. 2 Drücken Sie TUNE +/– zum Einstellen des gewünschten Senders. 3 Stellen Sie mit VOL die Lautstärke ein.

Für Geräte, die für den Gebrauch mit Kopfhörern bestimmt sind, die Lautstärke so einstellen, dass kein unangenehmer Hörpegel entsteht. Zum Verhindern von Bränden und elektrischen Schlägen das Gerät weder Regen noch Feuchtigkeit aussetzen. 1 Drücken Sie RADIO ON/OFF, um das Radio einzuschalten. 2 Drücken Sie TUNE +/– zum Einstellen des gewünschten Senders. 3 Stellen Sie mit VOL die Lautstärke ein.

Русский
ВНИМАНИЕ

Für Geräte, die für den Gebrauch mit Kopfhörern bestimmt sind, die Lautstärke so einstellen, dass kein unangenehmer Hörpegel entsteht. Zum Verhindern von Bränden und elektrischen Schlägen das Gerät weder Regen noch Feuchtigkeit aussetzen. 1 Drücken Sie RADIO ON/OFF, um das Radio einzuschalten. 2 Drücken Sie TUNE +/– zum Einstellen des gewünschten Senders. 3 Stellen Sie mit VOL die Lautstärke ein.

Für Geräte, die für den Gebrauch mit Kopfhörern bestimmt sind, die Lautstärke so einstellen, dass kein unangenehmer Hörpegel entsteht. Zum Verhindern von Bränden und elektrischen Schlägen das Gerät weder Regen noch Feuchtigkeit aussetzen. 1 Drücken Sie RADIO ON/OFF, um das Radio einzuschalten. 2 Drücken Sie TUNE +/– zum Einstellen des gewünschten Senders. 3 Stellen Sie mit VOL die Lautstärke ein.

Für Geräte, die für den Gebrauch mit Kopfhörern bestimmt sind, die Lautstärke so einstellen, dass kein unangenehmer Hörpegel entsteht. Zum Verhindern von Bränden und elektrischen Schlägen das Gerät weder Regen noch Feuchtigkeit aussetzen. 1 Drücken Sie RADIO ON/OFF, um das Radio einzuschalten. 2 Drücken Sie TUNE +/– zum Einstellen des gewünschten Senders. 3 Stellen Sie mit VOL die Lautstärke ein.

Перед началом эксплуатации
Благодарим Вас за приобретение этого радиоприемника Sony.

Für Geräte, die für den Gebrauch mit Kopfhörern bestimmt sind, die Lautstärke so einstellen, dass kein unangenehmer Hörpegel entsteht. Zum Verhindern von Bränden und elektrischen Schlägen das Gerät weder Regen noch Feuchtigkeit aussetzen. 1 Drücken Sie RADIO ON/OFF, um das Radio einzuschalten. 2 Drücken Sie TUNE +/– zum Einstellen des gewünschten Senders. 3 Stellen Sie mit VOL die Lautstärke ein.

Für Geräte, die für den Gebrauch mit Kopfhörern bestimmt sind, die Lautstärke so einstellen, dass kein unangenehmer Hörpegel entsteht. Zum Verhindern von Bränden und elektrischen Schlägen das Gerät weder Regen noch Feuchtigkeit aussetzen. 1 Drücken Sie RADIO ON/OFF, um das Radio einzuschalten. 2 Drücken Sie TUNE +/– zum Einstellen des gewünschten Senders. 3 Stellen Sie mit VOL die Lautstärke ein.

Für Geräte, die für den Gebrauch mit Kopfhörern bestimmt sind, die Lautstärke so einstellen, dass kein unangenehmer Hörpegel entsteht. Zum Verhindern von Bränden und elektrischen Schlägen das Gerät weder Regen noch Feuchtigkeit aussetzen. 1 Drücken Sie RADIO ON/OFF, um das Radio einzuschalten. 2 Drücken Sie TUNE +/– zum Einstellen des gewünschten Senders. 3 Stellen Sie mit VOL die Lautstärke ein.

Функции
Тюнер с синтезатором ФАПЧ для FM-станций. Конструкция головных телефонов с усилением басов.

Für Geräte, die für den Gebrauch mit Kopfhörern bestimmt sind, die Lautstärke so einstellen, dass kein unangenehmer Hörpegel entsteht. Zum Verhindern von Bränden und elektrischen Schlägen das Gerät weder Regen noch Feuchtigkeit aussetzen. 1 Drücken Sie RADIO ON/OFF, um das Radio einzuschalten. 2 Drücken Sie TUNE +/– zum Einstellen des gewünschten Senders. 3 Stellen Sie mit VOL die Lautstärke ein.

Für Geräte, die für den Gebrauch mit Kopfhörern bestimmt sind, die Lautstärke so einstellen, dass kein unangenehmer Hörpegel entsteht. Zum Verhindern von Bränden und elektrischen Schlägen das Gerät weder Regen noch Feuchtigkeit aussetzen. 1 Drücken Sie RADIO ON/OFF, um das Radio einzuschalten. 2 Drücken Sie TUNE +/– zum Einstellen des gewünschten Senders. 3 Stellen Sie mit VOL die Lautstärke ein.

Für Geräte, die für den Gebrauch mit Kopfhörern bestimmt sind, die Lautstärke so einstellen, dass kein unangenehmer Hörpegel entsteht. Zum Verhindern von Bränden und elektrischen Schlägen das Gerät weder Regen noch Feuchtigkeit aussetzen. 1 Drücken Sie RADIO ON/OFF, um das Radio einzuschalten. 2 Drücken Sie TUNE +/– zum Einstellen des gewünschten Senders. 3 Stellen Sie mit VOL die Lautstärke ein.

Подготовка к эксплуатации
Установка батарейки (см. рис. A)

Für Geräte, die für den Gebrauch mit Kopfhörern bestimmt sind, die Lautstärke so einstellen, dass kein unangenehmer Hörpegel entsteht. Zum Verhindern von Bränden und elektrischen Schlägen das Gerät weder Regen noch Feuchtigkeit aussetzen. 1 Drücken Sie RADIO ON/OFF, um das Radio einzuschalten. 2 Drücken Sie TUNE +/– zum Einstellen des gewünschten Senders. 3 Stellen Sie mit VOL die Lautstärke ein.

Für Geräte, die für den Gebrauch mit Kopfhörern bestimmt sind, die Lautstärke so einstellen, dass kein unangenehmer Hörpegel entsteht. Zum Verhindern von Bränden und elektrischen Schlägen das Gerät weder Regen noch Feuchtigkeit aussetzen. 1 Drücken Sie RADIO ON/OFF, um das Radio einzuschalten. 2 Drücken Sie TUNE +/– zum Einstellen des gewünschten Senders. 3 Stellen Sie mit VOL die Lautstärke ein.

Für Geräte, die für den Gebrauch mit Kopfhörern bestimmt sind, die Lautstärke so einstellen, dass kein unangenehmer Hörpegel entsteht. Zum Verhindern von Bränden und elektrischen Schlägen das Gerät weder Regen noch Feuchtigkeit aussetzen. 1 Drücken Sie RADIO ON/OFF, um das Radio einzuschalten. 2 Drücken Sie TUNE +/– zum Einstellen des gewünschten Senders. 3 Stellen Sie mit VOL die Lautstärke ein.

Für Geräte, die für den Gebrauch mit Kopfhörern bestimmt sind, die Lautstärke so einstellen, dass kein unangenehmer Hörpegel entsteht. Zum Verhindern von Bränden und elektrischen Schlägen das Gerät weder Regen noch Feuchtigkeit aussetzen. 1 Drücken Sie RADIO ON/OFF, um das Radio einzuschalten. 2 Drücken Sie TUNE +/– zum Einstellen des gewünschten Senders. 3 Stellen Sie mit VOL die Lautstärke ein.

Für Geräte, die für den Gebrauch mit Kopfhörern bestimmt sind, die Lautstärke so einstellen, dass kein unangenehmer Hörpegel entsteht. Zum Verhindern von Bränden und elektrischen Schlägen das Gerät weder Regen noch Feuchtigkeit aussetzen. 1 Drücken Sie RADIO ON/OFF, um das Radio einzuschalten. 2 Drücken Sie TUNE +/– zum Einstellen des gewünschten Senders. 3 Stellen Sie mit VOL die Lautstärke ein.

Für Geräte, die für den Gebrauch mit Kopfhörern bestimmt sind, die Lautstärke so einstellen, dass kein unangenehmer Hörpegel entsteht. Zum Verhindern von Bränden und elektrischen Schlägen das Gerät weder Regen noch Feuchtigkeit aussetzen. 1 Drücken Sie RADIO ON/OFF, um das Radio einzuschalten. 2 Drücken Sie TUNE +/– zum Einstellen des gewünschten Senders. 3 Stellen Sie mit VOL die Lautstärke ein.

Für Geräte, die für den Gebrauch mit Kopfhörern bestimmt sind, die Lautstärke so einstellen, dass kein unangenehmer Hörpegel entsteht. Zum Verhindern von Bränden und elektrischen Schlägen das Gerät weder Regen noch Feuchtigkeit aussetzen. 1 Drücken Sie RADIO ON/OFF, um das Radio einzuschalten. 2 Drücken Sie TUNE +/– zum Einstellen des gewünschten Senders. 3 Stellen Sie mit VOL die Lautstärke ein.

Für Geräte, die für den Gebrauch mit Kopfhörern bestimmt sind, die Lautstärke so einstellen, dass kein unangenehmer Hörpegel entsteht. Zum Verhindern von Bränden und elektrischen Schlägen das Gerät weder Regen noch Feuchtigkeit aussetzen. 1 Drücken Sie RADIO ON/OFF, um das Radio einzuschalten. 2 Drücken Sie TUNE +/– zum Einstellen des gewünschten Senders. 3 Stellen Sie mit VOL die Lautstärke ein.

Für Geräte, die für den Gebrauch mit Kopfhörern bestimmt sind, die Lautstärke so einstellen, dass kein unangenehmer Hörpegel entsteht. Zum Verhindern von Bränden und elektrischen Schlägen das Gerät weder Regen noch Feuchtigkeit aussetzen. 1 Drücken Sie RADIO ON/OFF, um das Radio einzuschalten. 2 Drücken Sie TUNE +/– zum Einstellen des gewünschten Senders. 3 Stellen Sie mit VOL die Lautstärke ein.

Эксплуатация радиоприемника
– Ручная настройка

Für Geräte, die für den Gebrauch mit Kopfhörern bestimmt sind, die Lautstärke so einstellen, dass kein unangenehmer Hörpegel entsteht. Zum Verhindern von Bränden und elektrischen Schlägen das Gerät weder Regen noch Feuchtigkeit aussetzen. 1 Drücken Sie RADIO ON/OFF, um das Radio einzuschalten. 2 Drücken Sie TUNE +/– zum Einstellen des gewünschten Senders. 3 Stellen Sie mit VOL die Lautstärke ein.

Für Geräte, die für den Gebrauch mit Kopfhörern bestimmt sind, die Lautstärke so einstellen, dass kein unangenehmer Hörpegel entsteht. Zum Verhindern von Bränden und elektrischen Schlägen das Gerät weder Regen noch Feuchtigkeit aussetzen. 1 Drücken Sie RADIO ON/OFF, um das Radio einzuschalten. 2 Drücken Sie TUNE +/– zum Einstellen des gewünschten Senders. 3 Stellen Sie mit VOL die Lautstärke ein.

Für Geräte, die für den Gebrauch mit Kopfhörern bestimmt sind, die Lautstärke so einstellen, dass kein unangenehmer Hörpegel entsteht. Zum Verhindern von Bränden und elektrischen Schlägen das Gerät weder Regen noch Feuchtigkeit aussetzen. 1 Drücken Sie RADIO ON/OFF, um das Radio einzuschalten. 2 Drücken Sie TUNE +/– zum Einstellen des gewünschten Senders. 3 Stellen Sie mit VOL die Lautstärke ein.

Предварительная установка Ваших любимых станций
– Предварительная установка

Für Geräte, die für den Gebrauch mit Kopfhörern bestimmt sind, die Lautstärke so einstellen, dass kein unangenehmer Hörpegel entsteht. Zum Verhindern von Bränden und elektrischen Schlägen das Gerät weder Regen noch Feuchtigkeit aussetzen. 1 Drücken Sie RADIO ON/OFF, um das Radio einzuschalten. 2 Drücken Sie TUNE +/– zum Einstellen des gewünschten Senders. 3 Stellen Sie mit VOL die Lautstärke ein.

Für Geräte, die für den Gebrauch mit Kopfhörern bestimmt sind, die Lautstärke so einstellen, dass kein unangenehmer Hörpegel entsteht. Zum Verhindern von Bränden und elektrischen Schlägen das Gerät weder Regen noch Feuchtigkeit aussetzen. 1 Drücken Sie RADIO ON/OFF, um das Radio einzuschalten. 2 Drücken Sie TUNE +/– zum Einstellen des gewünschten Senders. 3 Stellen Sie mit VOL die Lautstärke ein.

Für Geräte, die für den Gebrauch mit Kopfhörern bestimmt sind, die Lautstärke so einstellen, dass kein unangenehmer Hörpegel entsteht. Zum Verhindern von Bränden und elektrischen Schlägen das Gerät weder Regen noch Feuchtigkeit aussetzen. 1 Drücken Sie RADIO ON/OFF, um das Radio einzuschalten. 2 Drücken Sie TUNE +/– zum Einstellen des gewünschten Senders. 3 Stellen Sie mit VOL die Lautstärke ein.

Прослушивание звука MD WALKMAN, CD WALKMAN и т.п. (см. рис. D)

Für Geräte, die für den Gebrauch mit Kopfhörern bestimmt sind, die Lautstärke so einstellen, dass kein unangenehmer Hörpegel entsteht. Zum Verhindern von Bränden und elektrischen Schlägen das Gerät weder Regen noch Feuchtigkeit aussetzen. 1 Drücken Sie RADIO ON/OFF, um das Radio einzuschalten. 2 Drücken Sie TUNE +/– zum Einstellen des gewünschten Senders. 3 Stellen Sie mit VOL die Lautstärke ein.

Für Geräte, die für den Gebrauch mit Kopfhörern bestimmt sind, die Lautstärke so einstellen, dass kein unangenehmer Hörpegel entsteht. Zum Verhindern von Bränden und elektrischen Schlägen das Gerät weder Regen noch Feuchtigkeit aussetzen. 1 Drücken Sie RADIO ON/OFF, um das Radio einzuschalten. 2 Drücken Sie TUNE +/– zum Einstellen des gewünschten Senders. 3 Stellen Sie mit VOL die Lautstärke ein.

Für Geräte, die für den Gebrauch mit Kopfhörern bestimmt sind, die Lautstärke so einstellen, dass kein unangenehmer Hörpegel entsteht. Zum Verhindern von Bränden und elektrischen Schlägen das Gerät weder Regen noch Feuchtigkeit aussetzen. 1 Drücken Sie RADIO ON/OFF, um das Radio einzuschalten. 2 Drücken Sie TUNE +/– zum Einstellen des gewünschten Senders. 3 Stellen Sie mit VOL die Lautstärke ein.

Für Geräte, die für den Gebrauch mit Kopfhörern bestimmt sind, die Lautstärke so einstellen, dass kein unangenehmer Hörpegel entsteht. Zum Verhindern von Bränden und elektrischen Schlägen das Gerät weder Regen noch Feuchtigkeit aussetzen. 1 Drücken Sie RADIO ON/OFF, um das Radio einzuschalten. 2 Drücken Sie TUNE +/– zum Einstellen des gewünschten Senders. 3 Stellen Sie mit VOL die Lautstärke ein.

Für Geräte, die für den Gebrauch mit Kopfhörern bestimmt sind, die Lautstärke so einstellen, dass kein unangenehmer Hörpegel entsteht. Zum Verhindern von Bränden und elektrischen Schlägen das Gerät weder Regen noch Feuchtigkeit aussetzen. 1 Drücken Sie RADIO ON/OFF, um das Radio einzuschalten. 2 Drücken Sie TUNE +/– zum Einstellen des gewünschten Senders. 3 Stellen Sie mit VOL die Lautstärke ein.

Für Geräte, die für den Gebrauch mit Kopfhörern bestimmt sind, die Lautstärke so einstellen, dass kein unangenehmer Hörpegel entsteht. Zum Verhindern von Bränden und elektrischen Schlägen das Gerät weder Regen noch Feuchtigkeit aussetzen. 1 Drücken Sie RADIO ON/OFF, um das Radio einzuschalten. 2 Drücken Sie TUNE +/– zum Einstellen des gewünschten Senders. 3 Stellen Sie mit VOL die Lautstärke ein.

Für Geräte, die für den Gebrauch mit Kopfhörern bestimmt sind, die Lautstärke so einstellen, dass kein unangenehmer Hörpegel entsteht. Zum Verhindern von Bränden und elektrischen Schlägen das Gerät weder Regen noch Feuchtigkeit aussetzen. 1 Drücken Sie RADIO ON/OFF, um das Radio einzuschalten. 2 Drücken Sie TUNE +/– zum Einstellen des gewünschten Senders. 3 Stellen Sie mit VOL die Lautstärke ein.

Für Geräte, die für den Gebrauch mit Kopfhörern bestimmt sind, die Lautstärke so einstellen, dass kein unangenehmer Hörpegel entsteht. Zum Verhindern von Bränden und elektrischen Schlägen das Gerät weder Regen noch Feuchtigkeit aussetzen. 1 Drücken Sie RADIO ON/OFF, um das Radio einzuschalten. 2 Drücken Sie TUNE +/– zum Einstellen des gewünschten Senders. 3 Stellen Sie mit VOL die Lautstärke ein.

Für Geräte, die für den Gebrauch mit Kopfhörern bestimmt sind, die Lautstärke so einstellen, dass kein unangenehmer Hörpegel entsteht. Zum Verhindern von Bränden und elektrischen Schlägen das Gerät weder Regen noch Feuchtigkeit aussetzen. 1 Drücken Sie RADIO ON/OFF, um das Radio einzuschalten. 2 Drücken Sie TUNE +/– zum Einstellen des gewünschten Senders. 3 Stellen Sie mit VOL die Lautstärke ein.

Меры предосторожности

Für Geräte, die für den Gebrauch mit Kopfhörern bestimmt sind, die Lautstärke so einstellen, dass kein unangenehmer Hörpegel entsteht. Zum Verhindern von Bränden und elektrischen Schlägen das Gerät weder Regen noch Feuchtigkeit aussetzen. 1 Drücken Sie RADIO ON/OFF, um das Radio einzuschalten. 2 Drücken Sie TUNE +/– zum Einstellen des gewünschten Senders. 3 Stellen Sie mit VOL die Lautstärke ein.

Für Geräte, die für den Gebrauch mit Kopfhörern bestimmt sind, die Lautstärke so einstellen, dass kein unangenehmer Hörpegel entsteht. Zum Verhindern von Bränden und elektrischen Schlägen das Gerät weder Regen noch Feuchtigkeit aussetzen. 1 Drücken Sie RADIO ON/OFF, um das Radio einzuschalten. 2 Drücken Sie TUNE +/– zum Einstellen des gewünschten Senders. 3 Stellen Sie mit VOL die Lautstärke ein.

Für Geräte, die für den Gebrauch mit Kopfhörern bestimmt sind, die Lautstärke so einstellen, dass kein unangenehmer Hörpegel entsteht. Zum Verhindern von Bränden und elektrischen Schlägen das Gerät weder Regen noch Feuchtigkeit aussetzen. 1 Drücken Sie RADIO ON/OFF, um das Radio einzuschalten. 2 Drücken Sie TUNE +/– zum Einstellen des gewünschten Senders. 3 Stellen Sie mit VOL die Lautstärke ein.

Технические характеристики
Радиоприемник
FM	87,5 - 108 MHz	0,1 MHz
FM	76 - 90 MHz	0,1 MHz

Für Geräte, die für den Gebrauch mit Kopfhörern bestimmt sind, die Lautstärke so einstellen, dass kein unangenehmer Hörpegel entsteht. Zum Verhindern von Bränden und elektrischen Schlägen das Gerät weder Regen noch Feuchtigkeit aussetzen. 1 Drücken Sie RADIO ON/OFF, um das Radio einzuschalten. 2 Drücken Sie TUNE +/– zum Einstellen des gewünschten Senders. 3 Stellen Sie mit VOL die Lautstärke ein.

Für Geräte, die für den Gebrauch mit Kopfhörern bestimmt sind, die Lautstärke so einstellen, dass kein unangenehmer Hörpegel entsteht. Zum Verhindern von Bränden und elektrischen Schlägen das Gerät weder Regen noch Feuchtigkeit aussetzen. 1 Drücken Sie RADIO ON/OFF, um das Radio einzuschalten. 2 Drücken Sie TUNE +/– zum Einstellen des gewünschten Senders. 3 Stellen Sie mit VOL die Lautstärke ein.

Für Geräte, die für den Gebrauch mit Kopfhörern bestimmt sind, die Lautstärke so einstellen, dass kein unangenehmer Hörpegel entsteht. Zum Verhindern von Bränden und elektrischen Schlägen das Gerät weder Regen noch Feuchtigkeit aussetzen. 1 Drücken Sie RADIO ON/OFF, um das Radio einzuschalten. 2 Drücken Sie TUNE +/– zum Einstellen des gewünschten Senders. 3 Stellen Sie mit VOL die Lautstärke ein.

Für Geräte, die für den Gebrauch mit Kopfhörern bestimmt sind, die Lautstärke so einstellen, dass kein unangenehmer Hörpegel entsteht. Zum Verhindern von Bränden und elektrischen Schlägen das Gerät weder Regen noch Feuchtigkeit aussetzen. 1 Drücken Sie RADIO ON/OFF, um das Radio einzuschalten. 2 Drücken Sie TUNE +/– zum Einstellen des gewünschten Senders. 3 Stellen Sie mit VOL die Lautstärke ein.

Für Geräte, die für den Gebrauch mit Kopfhörern bestimmt sind, die Lautstärke so einstellen, dass kein unangenehmer Hörpegel entsteht. Zum Verhindern von Bränden und elektrischen Schlägen das Gerät weder Regen noch Feuchtigkeit aussetzen. 1 Drücken Sie RADIO ON/OFF, um das Radio einzuschalten. 2 Drücken Sie TUNE +/– zum Einstellen des gewünschten Senders. 3 Stellen Sie mit VOL die Lautstärke ein.

Für Geräte, die für den Gebrauch mit Kopfhörern bestimmt sind, die Lautstärke so einstellen, dass kein unangenehmer Hörpegel entsteht. Zum Verhindern von Bränden und elektrischen Schlägen das Gerät weder Regen noch Feuchtigkeit aussetzen. 1 Drücken Sie RADIO ON/OFF, um das Radio einzuschalten. 2 Drücken Sie TUNE +/– zum Einstellen des gewünschten Senders. 3 Stellen Sie mit VOL die Lautstärke ein.

Für Geräte, die für den Gebrauch mit Kopfhörern bestimmt sind, die Lautstärke so einstellen, dass kein unangenehmer Hörpegel entsteht. Zum Verhindern von Bränden und elektrischen Schlägen das Gerät weder Regen noch Feuchtigkeit aussetzen. 1 Drücken Sie RADIO ON/OFF, um das Radio einzuschalten. 2 Drücken Sie TUNE +/– zum Einstellen des gewünschten Senders. 3 Stellen Sie mit VOL die Lautstärke ein.

Für Geräte, die für den Gebrauch mit Kopfhörern bestimmt sind, die Lautstärke so einstellen, dass kein unangenehmer Hörpegel entsteht. Zum Verhindern von Bränden und elektrischen Schlägen das Gerät weder Regen noch Feuchtigkeit aussetzen. 1 Drücken Sie RADIO ON/OFF, um das Radio einzuschalten. 2 Drücken Sie TUNE +/– zum Einstellen des gewünschten Senders. 3 Stellen Sie mit VOL die Lautstärke ein.

Für Geräte, die für den Gebrauch mit Kopfhörern bestimmt sind, die Lautstärke so einstellen, dass kein unangenehmer Hörpegel entsteht. Zum Verhindern von Bränden und elektrischen Schlägen das Gerät weder Regen noch Feuchtigkeit aussetzen. 1 Drücken Sie RADIO ON/OFF, um das Radio einzuschalten. 2 Drücken Sie TUNE +/– zum Einstellen des gewünschten Senders. 3 Stellen Sie mit VOL die Lautstärke ein.

Česky
VÝSTRAHA

Für Geräte, die für den Gebrauch mit Kopfhörern bestimmt sind, die Lautstärke so einstellen, dass kein unangenehmer Hörpegel entsteht. Zum Verhindern von Bränden und elektrischen Schlägen das Gerät weder Regen noch Feuchtigkeit aussetzen. 1 Drücken Sie RADIO ON/OFF, um das Radio einzuschalten. 2 Drücken Sie TUNE +/– zum Einstellen des gewünschten Senders. 3 Stellen Sie mit VOL die Lautstärke ein.

Für Geräte, die für den Gebrauch mit Kopfhörern bestimmt sind, die Lautstärke so einstellen, dass kein unangenehmer Hörpegel entsteht. Zum Verhindern von Bränden und elektrischen Schlägen das Gerät weder Regen noch Feuchtigkeit aussetzen. 1 Drücken Sie RADIO ON/OFF, um das Radio einzuschalten. 2 Drücken Sie TUNE +/– zum Einstellen des gewünschten Senders. 3 Stellen Sie mit VOL die Lautstärke ein.

Für Geräte, die für den Gebrauch mit Kopfhörern bestimmt sind, die Lautstärke so einstellen, dass kein unangenehmer Hörpegel entsteht. Zum Verhindern von Bränden und elektrischen Schlägen das Gerät weder Regen noch Feuchtigkeit aussetzen. 1 Drücken Sie RADIO ON/OFF, um das Radio einzuschalten. 2 Drücken Sie TUNE +/– zum Einstellen des gewünschten Senders. 3 Stellen Sie mit VOL die Lautstärke ein.

Předvolba Vašich oblíbených stanic
– Ladění předvoleb

Für Geräte, die für den Gebrauch mit Kopfhörern bestimmt sind, die Lautstärke so einstellen, dass kein unangenehmer Hörpegel entsteht. Zum Verhindern von Bränden und elektrischen Schlägen das Gerät weder Regen noch Feuchtigkeit aussetzen. 1 Drücken Sie RADIO ON/OFF, um das Radio einzuschalten. 2 Drücken Sie TUNE +/– zum Einstellen des gewünschten Senders. 3 Stellen Sie mit VOL die Lautstärke ein.

Für Geräte, die für den Gebrauch mit Kopfhörern bestimmt sind, die Lautstärke so einstellen, dass kein unangenehmer Hörpegel entsteht. Zum Verhindern von Bränden und elektrischen Schlägen das Gerät weder Regen noch Feuchtigkeit aussetzen. 1 Drücken Sie RADIO ON/OFF, um das Radio einzuschalten. 2 Drücken Sie TUNE +/– zum Einstellen des gewünschten Senders. 3 Stellen Sie mit VOL die Lautstärke ein.

Für Geräte, die für den Gebrauch mit Kopfhörern bestimmt sind, die Lautstärke so einstellen, dass kein unangenehmer Hörpegel entsteht. Zum Verhindern von Bränden und elektrischen Schlägen das Gerät weder Regen noch Feuchtigkeit aussetzen. 1 Drücken Sie RADIO ON/OFF, um das Radio einzuschalten. 2 Drücken Sie TUNE +/– zum Einstellen des gewünschten Senders. 3 Stellen Sie mit VOL die Lautstärke ein.

Než začnete přístroj používat
Děkujeme Vám, že jste si vybrali toto rádio Sony.

Für Geräte, die für den Gebrauch mit Kopfhörern bestimmt sind, die Lautstärke so einstellen, dass kein unangenehmer Hörpegel entsteht. Zum Verhindern von Bränden und elektrischen Schlägen das Gerät weder Regen noch Feuchtigkeit aussetzen. 1 Drücken Sie RADIO ON/OFF, um das Radio einzuschalten. 2 Drücken Sie TUNE +/– zum Einstellen des gewünschten Senders. 3 Stellen Sie mit VOL die Lautstärke ein.

Für Geräte, die für den Gebrauch mit Kopfhörern bestimmt sind, die Lautstärke so einstellen, dass kein unangenehmer Hörpegel entsteht. Zum Verhindern von Bränden und elektrischen Schlägen das Gerät weder Regen noch Feuchtigkeit aussetzen. 1 Drücken Sie RADIO ON/OFF, um das Radio einzuschalten. 2 Drücken Sie TUNE +/– zum Einstellen des gewünschten Senders. 3 Stellen Sie mit VOL die Lautstärke ein.

Für Geräte, die für den Gebrauch mit Kopfhörern bestimmt sind, die Lautstärke so einstellen, dass kein unangenehmer Hörpegel entsteht. Zum Verhindern von Bränden und elektrischen Schlägen das Gerät weder Regen noch Feuchtigkeit aussetzen. 1 Drücken Sie RADIO ON/OFF, um das Radio einzuschalten. 2 Drücken Sie TUNE +/– zum Einstellen des gewünschten Senders. 3 Stellen Sie mit VOL die Lautstärke ein.

Charakteristika
Syntezátorový PLL tuner pro stanice FM. Sluchátková konstrukce se zesílením basů.

Für Geräte, die für den Gebrauch mit Kopfhörern bestimmt sind, die Lautstärke so einstellen, dass kein unangenehmer Hörpegel entsteht. Zum Verhindern von Bränden und elektrischen Schlägen das Gerät weder Regen noch Feuchtigkeit aussetzen. 1 Drücken Sie RADIO ON/OFF, um das Radio einzuschalten. 2 Drücken Sie TUNE +/– zum Einstellen des gewünschten Senders. 3 Stellen Sie mit VOL die Lautstärke ein.

Für Geräte, die für den Gebrauch mit Kopfhörern bestimmt sind, die Lautstärke so einstellen, dass kein unangenehmer Hörpegel entsteht. Zum Verhindern von Bränden und elektrischen Schlägen das Gerät weder Regen noch Feuchtigkeit aussetzen. 1 Drücken Sie RADIO ON/OFF, um das Radio einzuschalten. 2 Drücken Sie TUNE +/– zum Einstellen des gewünschten Senders. 3 Stellen Sie mit VOL die Lautstärke ein.

Für Geräte, die für den Gebrauch mit Kopfhörern bestimmt sind, die Lautstärke so einstellen, dass kein unangenehmer Hörpegel entsteht. Zum Verhindern von Bränden und elektrischen Schlägen das Gerät weder Regen noch Feuchtigkeit aussetzen. 1 Drücken Sie RADIO ON/OFF, um das Radio einzuschalten. 2 Drücken Sie TUNE +/– zum Einstellen des gewünschten Senders. 3 Stellen Sie mit VOL die Lautstärke ein.

Für Geräte, die für den Gebrauch mit Kopfhörern bestimmt sind, die Lautstärke so einstellen, dass kein unangenehmer Hörpegel entsteht. Zum Verhindern von Bränden und elektrischen Schlägen das Gerät weder Regen noch Feuchtigkeit aussetzen. 1 Drücken Sie RADIO ON/OFF, um das Radio einzuschalten. 2 Drücken Sie TUNE +/– zum Einstellen des gewünschten Senders. 3 Stellen Sie mit VOL die Lautstärke ein.

Für Geräte, die für den Gebrauch mit Kopfhörern bestimmt sind, die Lautstärke so einstellen, dass kein unangenehmer Hörpegel entsteht. Zum Verhindern von Bränden und elektrischen Schlägen das Gerät weder Regen noch Feuchtigkeit aussetzen. 1 Drücken Sie RADIO ON/OFF, um das Radio einzuschalten. 2 Drücken Sie TUNE +/– zum Einstellen des gewünschten Senders. 3 Stellen Sie mit VOL die Lautstärke ein.

Für Geräte, die für den Gebrauch mit Kopfhörern bestimmt sind, die Lautstärke so einstellen, dass kein unangenehmer Hörpegel entsteht. Zum Verhindern von Bränden und elektrischen Schlägen das Gerät weder Regen noch Feuchtigkeit aussetzen. 1 Drücken Sie RADIO ON/OFF, um das Radio einzuschalten. 2 Drücken Sie TUNE +/– zum Einstellen des gewünschten Senders. 3 Stellen Sie mit VOL die Lautstärke ein.

Für Geräte, die für den Gebrauch mit Kopfhörern bestimmt sind, die Lautstärke so einstellen, dass kein unangenehmer Hörpegel entsteht. Zum Verhindern von Bränden und elektrischen Schlägen das Gerät weder Regen noch Feuchtigkeit aussetzen. 1 Drücken Sie RADIO ON/OFF, um das Radio einzuschalten. 2 Drücken Sie TUNE +/– zum Einstellen des gewünschten Senders. 3 Stellen Sie mit VOL die Lautstärke ein.

Für Geräte, die für den Gebrauch mit Kopfhörern bestimmt sind, die Lautstärke so einstellen, dass kein unangenehmer Hörpegel entsteht. Zum Verhindern von Bränden und elektrischen Schlägen das Gerät weder Regen noch Feuchtigkeit aussetzen. 1 Drücken Sie RADIO ON/OFF, um das Radio einzuschalten. 2 Drücken Sie TUNE +/– zum Einstellen des gewünschten Senders. 3 Stellen Sie mit VOL die Lautstärke ein.

Für Geräte, die für den Gebrauch mit Kopfhörern bestimmt sind, die Lautstärke so einstellen, dass kein unangenehmer Hörpegel entsteht. Zum Verhindern von Bränden und elektrischen Schlägen das Gerät weder Regen noch Feuchtigkeit aussetzen. 1 Drücken Sie RADIO ON/OFF, um das Radio einzuschalten. 2 Drücken Sie TUNE +/– zum Einstellen des gewünschten Senders. 3 Stellen Sie mit VOL die Lautstärke ein.

Začínáme s obsluhou
Vložení baterie (viz obr. A)

Für Geräte, die für den Gebrauch mit Kopfhörern bestimmt sind, die Lautstärke so einstellen, dass kein unangenehmer Hörpegel entsteht. Zum Verhindern von Bränden und elektrischen Schlägen das Gerät weder Regen noch Feuchtigkeit aussetzen. 1 Drücken Sie RADIO ON/OFF, um das Radio einzuschalten. 2 Drücken Sie TUNE +/– zum Einstellen des gewünschten Senders. 3 Stellen Sie mit VOL die Lautstärke ein.

Für Geräte, die für den Gebrauch mit Kopfhörern bestimmt sind, die Lautstärke so einstellen, dass kein unangenehmer Hörpegel entsteht. Zum Verhindern von Bränden und elektrischen Schlägen das Gerät weder Regen noch Feuchtigkeit aussetzen. 1 Drücken Sie RADIO ON/OFF, um das Radio einzuschalten. 2 Drücken Sie TUNE +/– zum Einstellen des gewünschten Senders. 3 Stellen Sie mit VOL die Lautstärke ein.

Für Geräte, die für den Gebrauch mit Kopfhörern bestimmt sind, die Lautstärke so einstellen, dass kein unangenehmer Hörpegel entsteht. Zum Verhindern von Bränden und elektrischen Schlägen das Gerät weder Regen noch Feuchtigkeit aussetzen. 1 Drücken Sie RADIO ON/OFF, um das Radio einzuschalten. 2 Drücken Sie TUNE +/– zum Einstellen des gewünschten Senders. 3 Stellen Sie mit VOL die Lautstärke ein.

Obsluha rádia
– Ruční ladění

Für Geräte, die für den Gebrauch mit Kopfhörern bestimmt sind, die Lautstärke so einstellen, dass kein unangenehmer Hörpegel entsteht. Zum Verhindern von Bränden und elektrischen Schlägen das Gerät weder Regen noch Feuchtigkeit aussetzen. 1 Drücken Sie RADIO ON/OFF, um das Radio einzuschalten. 2 Drücken Sie TUNE +/– zum Einstellen des gewünschten Senders. 3 Stellen Sie mit VOL die Lautstärke ein.

Für Geräte, die für den Gebrauch mit Kopfhörern bestimmt sind, die Lautstärke so einstellen, dass kein unangenehmer Hörpegel entsteht. Zum Verhindern von Bränden und elektrischen Schlägen das Gerät weder Regen noch Feuchtigkeit aussetzen. 1 Drücken Sie RADIO ON/OFF, um das Radio einzuschalten. 2 Drücken Sie TUNE +/– zum Einstellen des gewünschten Senders. 3 Stellen Sie mit VOL die Lautstärke ein.

Für Geräte, die für den Gebrauch mit Kopfhörern bestimmt sind, die Lautstärke so einstellen, dass kein unangenehmer Hörpegel entsteht. Zum Verhindern von Bränden und elektrischen Schlägen das Gerät weder Regen noch Feuchtigkeit aussetzen. 1 Drücken Sie RADIO ON/OFF, um das Radio einzuschalten. 2 Drücken Sie TUNE +/– zum Einstellen des gewünschten Senders. 3 Stellen Sie mit VOL die Lautstärke ein.

Poslech zvuku z MD WALKMAN, CD WALKMAN, apod. (viz obr. D)

Für Geräte, die für den Gebrauch mit Kopfhörern bestimmt sind, die Lautstärke so einstellen, dass kein unangenehmer Hörpegel entsteht. Zum Verhindern von Bränden und elektrischen Schlägen das Gerät weder Regen noch Feuchtigkeit aussetzen. 1 Drücken Sie RADIO ON/OFF, um das Radio einzuschalten. 2 Drücken Sie TUNE +/– zum Einstellen des gewünschten Senders. 3 Stellen Sie mit VOL die Lautstärke ein.

Für Geräte, die für den Gebrauch mit Kopfhörern bestimmt sind, die Lautstärke so einstellen, dass kein unangenehmer Hörpegel entsteht. Zum Verhindern von Bränden und elektrischen Schlägen das Gerät weder Regen noch Feuchtigkeit aussetzen. 1 Drücken Sie RADIO ON/OFF, um das Radio einzuschalten. 2 Drücken Sie TUNE +/– zum Einstellen des gewünschten Senders. 3 Stellen Sie mit VOL die Lautstärke ein.

Für Geräte, die für den Gebrauch mit Kopfhörern bestimmt sind, die Lautstärke so einstellen, dass kein unangenehmer Hörpegel entsteht. Zum Verhindern von Bränden und elektrischen Schlägen das Gerät weder Regen noch Feuchtigkeit aussetzen. 1 Drücken Sie RADIO ON/OFF, um das Radio einzuschalten. 2 Drücken Sie TUNE +/– zum Einstellen des gewünschten Senders. 3 Stellen Sie mit VOL die Lautstärke ein.

Für Geräte, die für den Gebrauch mit Kopfhörern bestimmt sind, die Lautstärke so einstellen, dass kein unangenehmer Hörpegel entsteht. Zum Verhindern von Bränden und elektrischen Schlägen das Gerät weder Regen noch Feuchtigkeit aussetzen. 1 Drücken Sie RADIO ON/OFF, um das Radio einzuschalten. 2 Drücken Sie TUNE +/– zum Einstellen des gewünschten Senders. 3 Stellen Sie mit VOL die Lautstärke ein.

Für Geräte, die für den Gebrauch mit Kopfhörern bestimmt sind, die Lautstärke so einstellen, dass kein unangenehmer Hörpegel entsteht. Zum Verhindern von Bränden und elektrischen Schlägen das Gerät weder Regen noch Feuchtigkeit aussetzen. 1 Drücken Sie RADIO ON/OFF, um das Radio einzuschalten. 2 Drücken Sie TUNE +/– zum Einstellen des gewünschten Senders. 3 Stellen Sie mit VOL die Lautstärke ein.

Für Geräte, die für den Gebrauch mit Kopfhörern bestimmt sind, die Lautstärke so einstellen, dass kein unangenehmer Hörpegel entsteht. Zum Verhindern von Bränden und elektrischen Schlägen das Gerät weder Regen noch Feuchtigkeit aussetzen. 1 Drücken Sie RADIO ON/OFF, um das Radio einzuschalten. 2 Drücken Sie TUNE +/– zum Einstellen des gewünschten Senders. 3 Stellen Sie mit VOL die Lautstärke ein.

Für Geräte, die für den Gebrauch mit Kopfhörern bestimmt sind, die Lautstärke so einstellen, dass kein unangenehmer Hörpegel entsteht. Zum Verhindern von Bränden und elektrischen Schlägen das Gerät weder Regen noch Feuchtigkeit aussetzen. 1 Drücken Sie RADIO ON/OFF, um das Radio einzuschalten. 2 Drücken Sie TUNE +/– zum Einstellen des gewünschten Senders. 3 Stellen Sie mit VOL die Lautstärke ein.

Für Geräte, die für den Gebrauch mit Kopfhörern bestimmt sind, die Lautstärke so einstellen, dass kein unangenehmer Hörpegel entsteht. Zum Verhindern von Bränden und elektrischen Schlägen das Gerät weder Regen noch Feuchtigkeit aussetzen. 1 Drücken Sie RADIO ON/OFF, um das Radio einzuschalten. 2 Drücken Sie TUNE +/– zum Einstellen des gewünschten Senders. 3 Stellen Sie mit VOL die Lautstärke ein.

Für Geräte, die für den Gebrauch mit Kopfhörern bestimmt sind, die Lautstärke so einstellen, dass kein unangenehmer Hörpegel entsteht. Zum Verhindern von Bränden und elektrischen Schlägen das Gerät weder Regen noch Feuchtigkeit aussetzen. 1 Drücken Sie RADIO ON/OFF, um das Radio einzuschalten. 2 Drücken Sie TUNE +/– zum Einstellen des gewünschten Senders. 3 Stellen Sie mit VOL die Lautstärke ein.

Bezpečnostní opatření

Für Geräte, die für den Gebrauch mit Kopfhörern bestimmt sind, die Lautstärke so einstellen, dass kein unangenehmer Hörpegel entsteht. Zum Verhindern von Bränden und elektrischen Schlägen das Gerät weder Regen noch Feuchtigkeit aussetzen. 1 Drücken Sie RADIO ON/OFF, um das Radio einzuschalten. 2 Drücken Sie TUNE +/– zum Einstellen des gewünschten Senders. 3 Stellen Sie mit VOL die Lautstärke ein.

Für Geräte, die für den Gebrauch mit Kopfhörern bestimmt sind, die Lautstärke so einstellen, dass kein unangenehmer Hörpegel entsteht. Zum Verhindern von Bränden und elektrischen Schlägen das Gerät weder Regen noch Feuchtigkeit aussetzen. 1 Drücken Sie RADIO ON/OFF, um das Radio einzuschalten. 2 Drücken Sie TUNE +/– zum Einstellen des gewünschten Senders. 3 Stellen Sie mit VOL die Lautstärke ein.

Für Geräte, die für den Gebrauch mit Kopfhörern bestimmt sind, die Lautstärke so einstellen, dass kein unangenehmer Hörpegel entsteht. Zum Verhindern von Bränden und elektrischen Schlägen das Gerät weder Regen noch Feuchtigkeit aussetzen. 1 Drücken Sie RADIO ON/OFF, um das Radio einzuschalten. 2 Drücken Sie TUNE +/– zum Einstellen des gewünschten Senders. 3 Stellen Sie mit VOL die Lautstärke ein.

Technická specifikace
Radiová část
FM	87,5 - 108 MHz	0,1 MHz
FM	76 - 90 MHz	0,1 MHz

Für Geräte, die für den Gebrauch mit Kopfhörern bestimmt sind, die Lautstärke so einstellen, dass kein unangenehmer Hörpegel entsteht. Zum Verhindern von Bränden und elektrischen Schlägen das Gerät weder Regen noch Feuchtigkeit aussetzen. 1 Drücken Sie RADIO ON/OFF, um das Radio einzuschalten. 2 Drücken Sie TUNE +/– zum Einstellen des gewünschten Senders. 3 Stellen Sie mit VOL die Lautstärke ein.

Für Geräte, die für den Gebrauch mit Kopfhörern bestimmt sind, die Lautstärke so einstellen, dass kein unangenehmer Hörpegel entsteht. Zum Verhindern von Bränden und elektrischen Schlägen das Gerät weder Regen noch Feuchtigkeit aussetzen. 1 Drücken Sie RADIO ON/OFF, um das Radio einzuschalten. 2 Drücken Sie TUNE +/– zum Einstellen des gewünschten Senders. 3 Stellen Sie mit VOL die Lautstärke ein.

Für Geräte, die für den Gebrauch mit Kopfhörern bestimmt sind, die Lautstärke so einstellen, dass kein unangenehmer Hörpegel entsteht. Zum Verhindern von Bränden und elektrischen Schlägen das Gerät weder Regen noch Feuchtigkeit aussetzen. 1 Drücken Sie RADIO ON/OFF, um das Radio einzuschalten. 2 Drücken Sie TUNE +/– zum Einstellen des gewünschten Senders. 3 Stellen Sie mit VOL die Lautstärke ein.

Für Geräte, die für den Gebrauch mit Kopfhörern bestimmt sind, die Lautstärke so einstellen, dass kein unangenehmer Hörpegel entsteht. Zum Verhindern von Bränden und elektrischen Schlägen das Gerät weder Regen noch Feuchtigkeit aussetzen. 1 Drücken Sie RADIO ON/OFF, um das Radio einzuschalten. 2 Drücken Sie TUNE +/– zum Einstellen des gewünschten Senders. 3 Stellen Sie mit VOL die Lautstärke ein.

Für Geräte, die für den Gebrauch mit Kopfhörern bestimmt sind, die Lautstärke so einstellen, dass kein unangenehmer Hörpegel entsteht. Zum Verhindern von Bränden und elektrischen Schlägen das Gerät weder Regen noch Feuchtigkeit aussetzen. 1 Drücken Sie RADIO ON/OFF, um das Radio einzuschalten. 2 Drücken Sie TUNE +/– zum Einstellen des gewünschten Senders. 3 Stellen Sie mit VOL die Lautstärke ein.

Für Geräte, die für den Gebrauch mit Kopfhörern bestimmt sind, die Lautstärke so einstellen, dass kein unangenehmer Hörpegel entsteht. Zum Verhindern von Bränden und elektrischen Schlägen das Gerät weder Regen noch Feuchtigkeit aussetzen. 1 Drücken Sie RADIO ON/OFF, um das Radio einzuschalten. 2 Drücken Sie TUNE +/– zum Einstellen des gewünschten Senders. 3 Stellen Sie mit VOL die Lautstärke ein.

Für Geräte, die für den Gebrauch mit Kopfhörern bestimmt sind, die Lautstärke so einstellen, dass kein unangenehmer Hörpegel entsteht. Zum Verhindern von Bränden und elektrischen Schlägen das Gerät weder Regen noch Feuchtigkeit aussetzen. 1 Drücken Sie RADIO ON/OFF, um das Radio einzuschalten. 2 Drücken Sie TUNE +/– zum Einstellen des gewünschten Senders. 3 Stellen Sie mit VOL die Lautstärke ein.

Für Geräte, die für den Gebrauch mit Kopfhörern bestimmt sind, die Lautstärke so einstellen, dass kein unangenehmer Hörpegel entsteht. Zum Verhindern von Bränden und elektrischen Schlägen das Gerät weder Regen noch Feuchtigkeit aussetzen. 1 Drücken Sie RADIO ON/OFF, um das Radio einzuschalten. 2 Drücken Sie TUNE +/– zum Einstellen des gewünschten Senders. 3 Stellen Sie mit VOL die Lautstärke ein.

Für Geräte, die für den Gebrauch mit Kopfhörern bestimmt sind, die Lautstärke so einstellen, dass kein unangenehmer Hörpegel entsteht. Zum Verhindern von Bränden und elektrischen Schlägen das Gerät weder Regen noch Feuchtigkeit aussetzen. 1 Drücken Sie RADIO ON/OFF, um das Radio einzuschalten. 2 Drücken Sie TUNE +/– zum Einstellen des gewünschten Senders. 3 Stellen Sie mit VOL die Lautstärke ein.
